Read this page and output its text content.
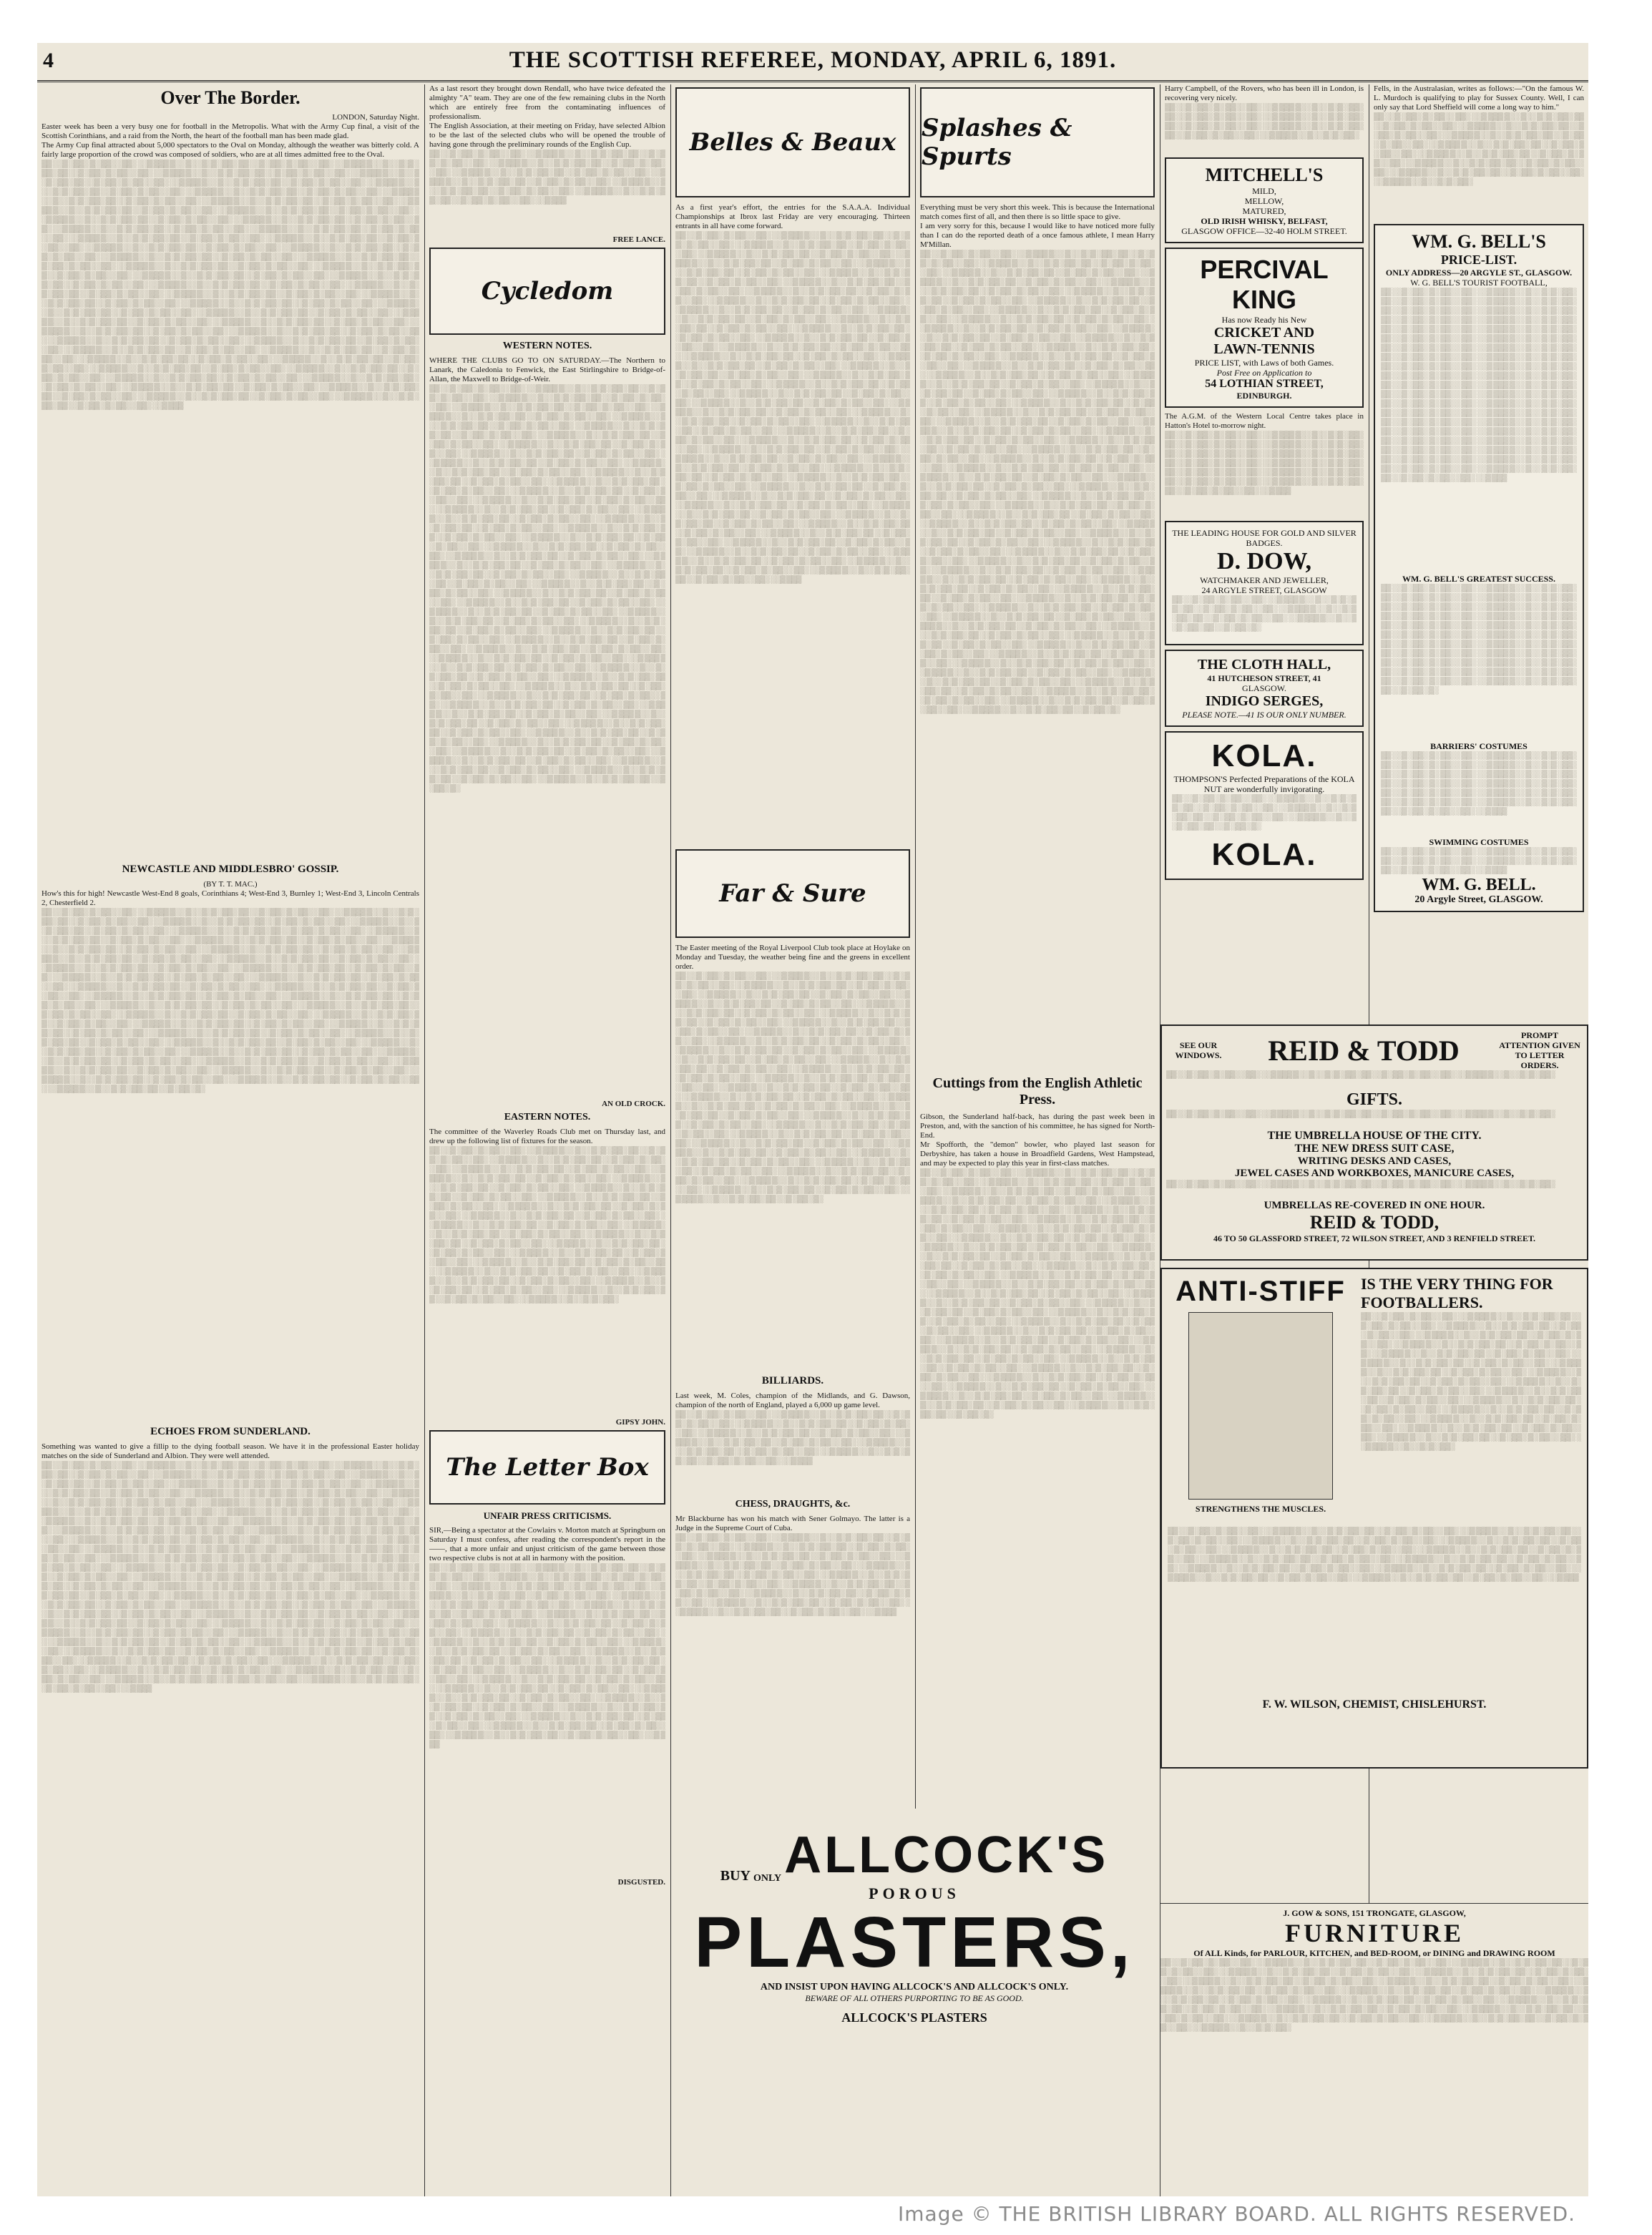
4	THE SCOTTISH REFEREE, MONDAY, APRIL 6, 1891.
Over The Border.

LONDON, Saturday Night.

Easter week has been a very busy one for football in the Metropolis. What with the Army Cup final, a visit of the Scottish Corinthians, and a raid from the North, the heart of the football man has been made glad.

The Army Cup final attracted about 5,000 spectators to the Oval on Monday, although the weather was bitterly cold. A fairly large proportion of the crowd was composed of soldiers, who are at all times admitted free to the Oval.

▒▒ ░░▒ ░▒▒░ ▒░ ▒▒░░ ▒▒░ ░░▒ ▒▒▒ ▒░░ ▒░░ ▒░▒ ░▒▒░ ▒▒ ░░▒ ░▒▒░ ▒░ ▒▒░░ ▒▒░ ░░▒ ▒▒▒ ▒░░ ▒░░ ▒░▒ ░▒▒░ ▒▒ ░░▒ ░▒▒░ ▒░ ▒▒░░ ▒▒░ ░░▒ ▒▒▒ ▒░░ ▒░░ ▒░▒ ░▒▒░ ▒▒ ░░▒ ░▒▒░ ▒░ ▒▒░░ ▒▒░ ░░▒ ▒▒▒ ▒░░ ▒░░ ▒░▒ ░▒▒░ ▒▒ ░░▒ ░▒▒░ ▒░ ▒▒░░ ▒▒░ ░░▒ ▒▒▒ ▒░░ ▒░░ ▒░▒ ░▒▒░ ▒▒ ░░▒ ░▒▒░ ▒░ ▒▒░░ ▒▒░ ░░▒ ▒▒▒ ▒░░ ▒░░ ▒░▒ ░▒▒░ ▒▒ ░░▒ ░▒▒░ ▒░ ▒▒░░ ▒▒░ ░░▒ ▒▒▒ ▒░░ ▒░░ ▒░▒ ░▒▒░ ▒▒ ░░▒ ░▒▒░ ▒░ ▒▒░░ ▒▒░ ░░▒ ▒▒▒ ▒░░ ▒░░ ▒░▒ ░▒▒░ ▒▒ ░░▒ ░▒▒░ ▒░ ▒▒░░ ▒▒░ ░░▒ ▒▒▒ ▒░░ ▒░░ ▒░▒ ░▒▒░ ▒▒ ░░▒ ░▒▒░ ▒░ ▒▒░░ ▒▒░ ░░▒ ▒▒▒ ▒░░ ▒░░ ▒░▒ ░▒▒░ ▒▒ ░░▒ ░▒▒░ ▒░ ▒▒░░ ▒▒░ ░░▒ ▒▒▒ ▒░░ ▒░░ ▒░▒ ░▒▒░ ▒▒ ░░▒ ░▒▒░ ▒░ ▒▒░░ ▒▒░ ░░▒ ▒▒▒ ▒░░ ▒░░ ▒░▒ ░▒▒░ ▒▒ ░░▒ ░▒▒░ ▒░ ▒▒░░ ▒▒░ ░░▒ ▒▒▒ ▒░░ ▒░░ ▒░▒ ░▒▒░ ▒▒ ░░▒ ░▒▒░ ▒░ ▒▒░░ ▒▒░ ░░▒ ▒▒▒ ▒░░ ▒░░ ▒░▒ ░▒▒░ ▒▒ ░░▒ ░▒▒░ ▒░ ▒▒░░ ▒▒░ ░░▒ ▒▒▒ ▒░░ ▒░░ ▒░▒ ░▒▒░ ▒▒ ░░▒ ░▒▒░ ▒░ ▒▒░░ ▒▒░ ░░▒ ▒▒▒ ▒░░ ▒░░ ▒░▒ ░▒▒░ ▒▒ ░░▒ ░▒▒░ ▒░ ▒▒░░ ▒▒░ ░░▒ ▒▒▒ ▒░░ ▒░░ ▒░▒ ░▒▒░ ▒▒ ░░▒ ░▒▒░ ▒░ ▒▒░░ ▒▒░ ░░▒ ▒▒▒ ▒░░ ▒░░ ▒░▒ ░▒▒░ ▒▒ ░░▒ ░▒▒░ ▒░ ▒▒░░ ▒▒░ ░░▒ ▒▒▒ ▒░░ ▒░░ ▒░▒ ░▒▒░ ▒▒ ░░▒ ░▒▒░ ▒░ ▒▒░░ ▒▒░ ░░▒ ▒▒▒ ▒░░ ▒░░ ▒░▒ ░▒▒░ ▒▒ ░░▒ ░▒▒░ ▒░ ▒▒░░ ▒▒░ ░░▒ ▒▒▒ ▒░░ ▒░░ ▒░▒ ░▒▒░ ▒▒ ░░▒ ░▒▒░ ▒░ ▒▒░░ ▒▒░ ░░▒ ▒▒▒ ▒░░ ▒░░ ▒░▒ ░▒▒░ ▒▒ ░░▒ ░▒▒░ ▒░ ▒▒░░ ▒▒░ ░░▒ ▒▒▒ ▒░░ ▒░░ ▒░▒ ░▒▒░ ▒▒ ░░▒ ░▒▒░ ▒░ ▒▒░░ ▒▒░ ░░▒ ▒▒▒ ▒░░ ▒░░ ▒░▒ ░▒▒░ ▒▒ ░░▒ ░▒▒░ ▒░ ▒▒░░ ▒▒░ ░░▒ ▒▒▒ ▒░░ ▒░░ ▒░▒ ░▒▒░ ▒▒ ░░▒ ░▒▒░ ▒░ ▒▒░░ ▒▒░ ░░▒ ▒▒▒ ▒░░ ▒░░ ▒░▒ ░▒▒░ ▒▒ ░░▒ ░▒▒░ ▒░ ▒▒░░ ▒▒░ ░░▒ ▒▒▒ ▒░░ ▒░░ ▒░▒ ░▒▒░ ▒▒ ░░▒ ░▒▒░ ▒░ ▒▒░░ ▒▒░ ░░▒ ▒▒▒ ▒░░ ▒░░ ▒░▒ ░▒▒░ ▒▒ ░░▒ ░▒▒░ ▒░ ▒▒░░ ▒▒░ ░░▒ ▒▒▒ ▒░░ ▒░░ ▒░▒ ░▒▒░ ▒▒ ░░▒ ░▒▒░ ▒░ ▒▒░░ ▒▒░ ░░▒ ▒▒▒ ▒░░ ▒░░ ▒░▒ ░▒▒░ ▒▒ ░░▒ ░▒▒░ ▒░ ▒▒░░ ▒▒░ ░░▒ ▒▒▒ ▒░░ ▒░░ ▒░▒ ░▒▒░ ▒▒ ░░▒ ░▒▒░ ▒░ ▒▒░░ ▒▒░ ░░▒ ▒▒▒ ▒░░ ▒░░ ▒░▒ ░▒▒░ ▒▒ ░░▒ ░▒▒░ ▒░ ▒▒░░ ▒▒░ ░░▒ ▒▒▒ ▒░░ ▒░░ ▒░▒ ░▒▒░ ▒▒ ░░▒ ░▒▒░ ▒░ ▒▒░░ ▒▒░ ░░▒ ▒▒▒ ▒░░ ▒░░ ▒░▒ ░▒▒░ ▒▒ ░░▒ ░▒▒░ ▒░ ▒▒░░ ▒▒░ ░░▒ ▒▒▒ ▒░░ ▒░░ ▒░▒ ░▒▒░ ▒▒ ░░▒ ░▒▒░ ▒░ ▒▒░░ ▒▒░ ░░▒ ▒▒▒ ▒░░ ▒░░ ▒░▒ ░▒▒░ ▒▒ ░░▒ ░▒▒░ ▒░ ▒▒░░ ▒▒░ ░░▒ ▒▒▒ ▒░░ ▒░░ ▒░▒ ░▒▒░ ▒▒ ░░▒ ░▒▒░ ▒░ ▒▒░░ ▒▒░ ░░▒ ▒▒▒ ▒░░ ▒░░ ▒░▒ ░▒▒░ ▒▒ ░░▒ ░▒▒░ ▒░ ▒▒░░ ▒▒░ ░░▒ ▒▒▒ ▒░░ ▒░░ ▒░▒ ░▒▒░ ▒▒ ░░▒ ░▒▒░ ▒░ ▒▒░░ ▒▒░ ░░▒ ▒▒▒ ▒░░ ▒░░ ▒░▒ ░▒▒░ ▒▒ ░░▒ ░▒▒░ ▒░ ▒▒░░ ▒▒░ ░░▒ ▒▒▒ ▒░░ ▒░░ ▒░▒ ░▒▒░ ▒▒ ░░▒ ░▒▒░ ▒░ ▒▒░░ ▒▒░ ░░▒ ▒▒▒ ▒░░ ▒░░ ▒░▒ ░▒▒░ ▒▒ ░░▒ ░▒▒░ ▒░ ▒▒░░ ▒▒░ ░░▒ ▒▒▒ ▒░░ ▒░░ ▒░▒ ░▒▒░ ▒▒ ░░▒ ░▒▒░ ▒░ ▒▒░░ ▒▒░ ░░▒ ▒▒▒ ▒░░ ▒░░ ▒░▒ ░▒▒░ ▒▒ ░░▒ ░▒▒░ ▒░ ▒▒░░ ▒▒░ ░░▒ ▒▒▒ ▒░░ ▒░░ ▒░▒ ░▒▒░ ▒▒ ░░▒ ░▒▒░ ▒░ ▒▒░░ ▒▒░ ░░▒ ▒▒▒ ▒░░ ▒░░ ▒░▒ ░▒▒░ ▒▒ ░░▒ ░▒▒░ ▒░ ▒▒░░ ▒▒░ ░░▒ ▒▒▒ ▒░░ ▒░░ ▒░▒ ░▒▒░ ▒▒ ░░▒ ░▒▒░ ▒░ ▒▒░░ ▒▒░ ░░▒ ▒▒▒ ▒░░ ▒░░ ▒░▒ ░▒▒░ ▒▒ ░░▒ ░▒▒░ ▒░ ▒▒░░ ▒▒░ ░░▒ ▒▒▒ ▒░░ ▒░░ ▒░▒ ░▒▒░ ▒▒ ░░▒ ░▒▒░ ▒░ ▒▒░░ ▒▒░ ░░▒ ▒▒▒ ▒░░ ▒░░ ▒░▒ ░▒▒░ ▒▒ ░░▒ ░▒▒░ ▒░ ▒▒░░ ▒▒░ ░░▒ ▒▒▒
NEWCASTLE AND MIDDLESBRO' GOSSIP.
(BY T. T. MAC.)

How's this for high! Newcastle West-End 8 goals, Corinthians 4; West-End 3, Burnley 1; West-End 3, Lincoln Centrals 2, Chesterfield 2.

▒▒ ░░▒ ░▒▒░ ▒░ ▒▒░░ ▒▒░ ░░▒ ▒▒▒ ▒░░ ▒░░ ▒░▒ ░▒▒░ ▒▒ ░░▒ ░▒▒░ ▒░ ▒▒░░ ▒▒░ ░░▒ ▒▒▒ ▒░░ ▒░░ ▒░▒ ░▒▒░ ▒▒ ░░▒ ░▒▒░ ▒░ ▒▒░░ ▒▒░ ░░▒ ▒▒▒ ▒░░ ▒░░ ▒░▒ ░▒▒░ ▒▒ ░░▒ ░▒▒░ ▒░ ▒▒░░ ▒▒░ ░░▒ ▒▒▒ ▒░░ ▒░░ ▒░▒ ░▒▒░ ▒▒ ░░▒ ░▒▒░ ▒░ ▒▒░░ ▒▒░ ░░▒ ▒▒▒ ▒░░ ▒░░ ▒░▒ ░▒▒░ ▒▒ ░░▒ ░▒▒░ ▒░ ▒▒░░ ▒▒░ ░░▒ ▒▒▒ ▒░░ ▒░░ ▒░▒ ░▒▒░ ▒▒ ░░▒ ░▒▒░ ▒░ ▒▒░░ ▒▒░ ░░▒ ▒▒▒ ▒░░ ▒░░ ▒░▒ ░▒▒░ ▒▒ ░░▒ ░▒▒░ ▒░ ▒▒░░ ▒▒░ ░░▒ ▒▒▒ ▒░░ ▒░░ ▒░▒ ░▒▒░ ▒▒ ░░▒ ░▒▒░ ▒░ ▒▒░░ ▒▒░ ░░▒ ▒▒▒ ▒░░ ▒░░ ▒░▒ ░▒▒░ ▒▒ ░░▒ ░▒▒░ ▒░ ▒▒░░ ▒▒░ ░░▒ ▒▒▒ ▒░░ ▒░░ ▒░▒ ░▒▒░ ▒▒ ░░▒ ░▒▒░ ▒░ ▒▒░░ ▒▒░ ░░▒ ▒▒▒ ▒░░ ▒░░ ▒░▒ ░▒▒░ ▒▒ ░░▒ ░▒▒░ ▒░ ▒▒░░ ▒▒░ ░░▒ ▒▒▒ ▒░░ ▒░░ ▒░▒ ░▒▒░ ▒▒ ░░▒ ░▒▒░ ▒░ ▒▒░░ ▒▒░ ░░▒ ▒▒▒ ▒░░ ▒░░ ▒░▒ ░▒▒░ ▒▒ ░░▒ ░▒▒░ ▒░ ▒▒░░ ▒▒░ ░░▒ ▒▒▒ ▒░░ ▒░░ ▒░▒ ░▒▒░ ▒▒ ░░▒ ░▒▒░ ▒░ ▒▒░░ ▒▒░ ░░▒ ▒▒▒ ▒░░ ▒░░ ▒░▒ ░▒▒░ ▒▒ ░░▒ ░▒▒░ ▒░ ▒▒░░ ▒▒░ ░░▒ ▒▒▒ ▒░░ ▒░░ ▒░▒ ░▒▒░ ▒▒ ░░▒ ░▒▒░ ▒░ ▒▒░░ ▒▒░ ░░▒ ▒▒▒ ▒░░ ▒░░ ▒░▒ ░▒▒░ ▒▒ ░░▒ ░▒▒░ ▒░ ▒▒░░ ▒▒░ ░░▒ ▒▒▒ ▒░░ ▒░░ ▒░▒ ░▒▒░ ▒▒ ░░▒ ░▒▒░ ▒░ ▒▒░░ ▒▒░ ░░▒ ▒▒▒ ▒░░ ▒░░ ▒░▒ ░▒▒░ ▒▒ ░░▒ ░▒▒░ ▒░ ▒▒░░ ▒▒░ ░░▒ ▒▒▒ ▒░░ ▒░░ ▒░▒ ░▒▒░ ▒▒ ░░▒ ░▒▒░ ▒░ ▒▒░░ ▒▒░ ░░▒ ▒▒▒ ▒░░ ▒░░ ▒░▒ ░▒▒░ ▒▒ ░░▒ ░▒▒░ ▒░ ▒▒░░ ▒▒░ ░░▒ ▒▒▒ ▒░░ ▒░░ ▒░▒ ░▒▒░ ▒▒ ░░▒ ░▒▒░ ▒░ ▒▒░░ ▒▒░ ░░▒ ▒▒▒ ▒░░ ▒░░ ▒░▒ ░▒▒░ ▒▒ ░░▒ ░▒▒░ ▒░ ▒▒░░ ▒▒░ ░░▒ ▒▒▒ ▒░░ ▒░░ ▒░▒ ░▒▒░ ▒▒ ░░▒ ░▒▒░ ▒░ ▒▒░░ ▒▒░ ░░▒ ▒▒▒ ▒░░ ▒░░ ▒░▒ ░▒▒░ ▒▒ ░░▒ ░▒▒░ ▒░ ▒▒░░ ▒▒░ ░░▒ ▒▒▒ ▒░░ ▒░░ ▒░▒ ░▒▒░ ▒▒ ░░▒ ░▒▒░ ▒░ ▒▒░░ ▒▒░ ░░▒ ▒▒▒ ▒░░ ▒░░ ▒░▒ ░▒▒░ ▒▒ ░░▒ ░▒▒░ ▒░ ▒▒░░ ▒▒░ ░░▒ ▒▒▒ ▒░░ ▒░░ ▒░▒ ░▒▒░ ▒▒ ░░▒ ░▒▒░ ▒░ ▒▒░░ ▒▒░ ░░▒ ▒▒▒ ▒░░ ▒░░ ▒░▒ ░▒▒░ ▒▒ ░░▒ ░▒▒░ ▒░ ▒▒░░ ▒▒░ ░░▒ ▒▒▒ ▒░░ ▒░░ ▒░▒ ░▒▒░ ▒▒ ░░▒ ░▒▒░ ▒░ ▒▒░░ ▒▒░ ░░▒ ▒▒▒ ▒░░ ▒░░ ▒░▒ ░▒▒░ ▒▒ ░░▒ ░▒▒░ ▒░ ▒▒░░ ▒▒░ ░░▒ ▒▒▒ ▒░░ ▒░░ ▒░▒ ░▒▒░ ▒▒ ░░▒ ░▒▒░ ▒░ ▒▒░░ ▒▒░ ░░▒ ▒▒▒ ▒░░ ▒░░ ▒░▒ ░▒▒░ ▒▒ ░░▒ ░▒▒░ ▒░ ▒▒░░ ▒▒░ ░░▒ ▒▒▒ ▒░░ ▒░░ ▒░▒ ░▒▒░ ▒▒ ░░▒ ░▒▒░ ▒░ ▒▒░░ ▒▒░ ░░▒ ▒▒▒ ▒░░ ▒░░ ▒░▒ ░▒▒░ ▒▒ ░░▒ ░▒▒░ ▒░ ▒▒░░ ▒▒░ ░░▒ ▒▒▒ ▒░░ ▒░░ ▒░▒ ░▒▒░ ▒▒ ░░▒ ░▒▒░ ▒░ ▒▒░░ ▒▒░ ░░▒ ▒▒▒ ▒░░ ▒░░ ▒░▒ ░▒▒░ ▒▒ ░░▒ ░▒▒░ ▒░
ECHOES FROM SUNDERLAND.

Something was wanted to give a fillip to the dying football season. We have it in the professional Easter holiday matches on the side of Sunderland and Albion. They were well attended.

▒▒ ░░▒ ░▒▒░ ▒░ ▒▒░░ ▒▒░ ░░▒ ▒▒▒ ▒░░ ▒░░ ▒░▒ ░▒▒░ ▒▒ ░░▒ ░▒▒░ ▒░ ▒▒░░ ▒▒░ ░░▒ ▒▒▒ ▒░░ ▒░░ ▒░▒ ░▒▒░ ▒▒ ░░▒ ░▒▒░ ▒░ ▒▒░░ ▒▒░ ░░▒ ▒▒▒ ▒░░ ▒░░ ▒░▒ ░▒▒░ ▒▒ ░░▒ ░▒▒░ ▒░ ▒▒░░ ▒▒░ ░░▒ ▒▒▒ ▒░░ ▒░░ ▒░▒ ░▒▒░ ▒▒ ░░▒ ░▒▒░ ▒░ ▒▒░░ ▒▒░ ░░▒ ▒▒▒ ▒░░ ▒░░ ▒░▒ ░▒▒░ ▒▒ ░░▒ ░▒▒░ ▒░ ▒▒░░ ▒▒░ ░░▒ ▒▒▒ ▒░░ ▒░░ ▒░▒ ░▒▒░ ▒▒ ░░▒ ░▒▒░ ▒░ ▒▒░░ ▒▒░ ░░▒ ▒▒▒ ▒░░ ▒░░ ▒░▒ ░▒▒░ ▒▒ ░░▒ ░▒▒░ ▒░ ▒▒░░ ▒▒░ ░░▒ ▒▒▒ ▒░░ ▒░░ ▒░▒ ░▒▒░ ▒▒ ░░▒ ░▒▒░ ▒░ ▒▒░░ ▒▒░ ░░▒ ▒▒▒ ▒░░ ▒░░ ▒░▒ ░▒▒░ ▒▒ ░░▒ ░▒▒░ ▒░ ▒▒░░ ▒▒░ ░░▒ ▒▒▒ ▒░░ ▒░░ ▒░▒ ░▒▒░ ▒▒ ░░▒ ░▒▒░ ▒░ ▒▒░░ ▒▒░ ░░▒ ▒▒▒ ▒░░ ▒░░ ▒░▒ ░▒▒░ ▒▒ ░░▒ ░▒▒░ ▒░ ▒▒░░ ▒▒░ ░░▒ ▒▒▒ ▒░░ ▒░░ ▒░▒ ░▒▒░ ▒▒ ░░▒ ░▒▒░ ▒░ ▒▒░░ ▒▒░ ░░▒ ▒▒▒ ▒░░ ▒░░ ▒░▒ ░▒▒░ ▒▒ ░░▒ ░▒▒░ ▒░ ▒▒░░ ▒▒░ ░░▒ ▒▒▒ ▒░░ ▒░░ ▒░▒ ░▒▒░ ▒▒ ░░▒ ░▒▒░ ▒░ ▒▒░░ ▒▒░ ░░▒ ▒▒▒ ▒░░ ▒░░ ▒░▒ ░▒▒░ ▒▒ ░░▒ ░▒▒░ ▒░ ▒▒░░ ▒▒░ ░░▒ ▒▒▒ ▒░░ ▒░░ ▒░▒ ░▒▒░ ▒▒ ░░▒ ░▒▒░ ▒░ ▒▒░░ ▒▒░ ░░▒ ▒▒▒ ▒░░ ▒░░ ▒░▒ ░▒▒░ ▒▒ ░░▒ ░▒▒░ ▒░ ▒▒░░ ▒▒░ ░░▒ ▒▒▒ ▒░░ ▒░░ ▒░▒ ░▒▒░ ▒▒ ░░▒ ░▒▒░ ▒░ ▒▒░░ ▒▒░ ░░▒ ▒▒▒ ▒░░ ▒░░ ▒░▒ ░▒▒░ ▒▒ ░░▒ ░▒▒░ ▒░ ▒▒░░ ▒▒░ ░░▒ ▒▒▒ ▒░░ ▒░░ ▒░▒ ░▒▒░ ▒▒ ░░▒ ░▒▒░ ▒░ ▒▒░░ ▒▒░ ░░▒ ▒▒▒ ▒░░ ▒░░ ▒░▒ ░▒▒░ ▒▒ ░░▒ ░▒▒░ ▒░ ▒▒░░ ▒▒░ ░░▒ ▒▒▒ ▒░░ ▒░░ ▒░▒ ░▒▒░ ▒▒ ░░▒ ░▒▒░ ▒░ ▒▒░░ ▒▒░ ░░▒ ▒▒▒ ▒░░ ▒░░ ▒░▒ ░▒▒░ ▒▒ ░░▒ ░▒▒░ ▒░ ▒▒░░ ▒▒░ ░░▒ ▒▒▒ ▒░░ ▒░░ ▒░▒ ░▒▒░ ▒▒ ░░▒ ░▒▒░ ▒░ ▒▒░░ ▒▒░ ░░▒ ▒▒▒ ▒░░ ▒░░ ▒░▒ ░▒▒░ ▒▒ ░░▒ ░▒▒░ ▒░ ▒▒░░ ▒▒░ ░░▒ ▒▒▒ ▒░░ ▒░░ ▒░▒ ░▒▒░ ▒▒ ░░▒ ░▒▒░ ▒░ ▒▒░░ ▒▒░ ░░▒ ▒▒▒ ▒░░ ▒░░ ▒░▒ ░▒▒░ ▒▒ ░░▒ ░▒▒░ ▒░ ▒▒░░ ▒▒░ ░░▒ ▒▒▒ ▒░░ ▒░░ ▒░▒ ░▒▒░ ▒▒ ░░▒ ░▒▒░ ▒░ ▒▒░░ ▒▒░ ░░▒ ▒▒▒ ▒░░ ▒░░ ▒░▒ ░▒▒░ ▒▒ ░░▒ ░▒▒░ ▒░ ▒▒░░ ▒▒░ ░░▒ ▒▒▒ ▒░░ ▒░░ ▒░▒ ░▒▒░ ▒▒ ░░▒ ░▒▒░ ▒░ ▒▒░░ ▒▒░ ░░▒ ▒▒▒ ▒░░ ▒░░ ▒░▒ ░▒▒░ ▒▒ ░░▒ ░▒▒░ ▒░ ▒▒░░ ▒▒░ ░░▒ ▒▒▒ ▒░░ ▒░░ ▒░▒ ░▒▒░ ▒▒ ░░▒ ░▒▒░ ▒░ ▒▒░░ ▒▒░ ░░▒ ▒▒▒ ▒░░ ▒░░ ▒░▒ ░▒▒░ ▒▒ ░░▒ ░▒▒░ ▒░ ▒▒░░ ▒▒░ ░░▒ ▒▒▒ ▒░░ ▒░░ ▒░▒ ░▒▒░ ▒▒ ░░▒ ░▒▒░ ▒░ ▒▒░░ ▒▒░ ░░▒ ▒▒▒ ▒░░ ▒░░ ▒░▒ ░▒▒░ ▒▒ ░░▒ ░▒▒░ ▒░ ▒▒░░ ▒▒░ ░░▒ ▒▒▒ ▒░░ ▒░░ ▒░▒ ░▒▒░ ▒▒ ░░▒ ░▒▒░ ▒░ ▒▒░░ ▒▒░ ░░▒ ▒▒▒ ▒░░ ▒░░ ▒░▒ ░▒▒░ ▒▒ ░░▒ ░▒▒░ ▒░ ▒▒░░ ▒▒░ ░░▒ ▒▒▒ ▒░░ ▒░░ ▒░▒ ░▒▒░ ▒▒ ░░▒ ░▒▒░ ▒░ ▒▒░░ ▒▒░ ░░▒ ▒▒▒ ▒░░ ▒░░ ▒░▒ ░▒▒░ ▒▒ ░░▒ ░▒▒░ ▒░ ▒▒░░ ▒▒░ ░░▒ ▒▒▒ ▒░░ ▒░░ ▒░▒ ░▒▒░ ▒▒ ░░▒ ░▒▒░ ▒░ ▒▒░░ ▒▒░ ░░▒ ▒▒▒ ▒░░ ▒░░ ▒░▒ ░▒▒░ ▒▒ ░░▒ ░▒▒░ ▒░ ▒▒░░ ▒▒░ ░░▒ ▒▒▒ ▒░░ ▒░░ ▒░▒ ░▒▒░ ▒▒ ░░▒ ░▒▒░ ▒░ ▒▒░░ ▒▒░ ░░▒ ▒▒▒ ▒░░ ▒░░ ▒░▒ ░▒▒░ ▒▒ ░░▒ ░▒▒░ ▒░ ▒▒░░ ▒▒░ ░░▒ ▒▒▒ ▒░░ ▒░░ ▒░▒ ░▒▒░ ▒▒ ░░▒ ░▒▒░ ▒░ ▒▒░░ ▒▒░ ░░▒ ▒▒▒ ▒░░ ▒░░ ▒░▒ ░▒▒░ ▒▒ ░░▒ ░▒▒░ ▒░ ▒▒░░ ▒▒░ ░░▒ ▒▒▒ ▒░░ ▒░░ ▒░▒ ░▒▒░ ▒▒ ░░▒ ░▒▒░ ▒░ ▒▒░░ ▒▒░ ░░▒ ▒▒▒

As a last resort they brought down Rendall, who have twice defeated the almighty "A" team. They are one of the few remaining clubs in the North which are entirely free from the contaminating influences of professionalism.

The English Association, at their meeting on Friday, have selected Albion to be the last of the selected clubs who will be opened the trouble of having gone through the preliminary rounds of the English Cup.

▒▒ ░░▒ ░▒▒░ ▒░ ▒▒░░ ▒▒░ ░░▒ ▒▒▒ ▒░░ ▒░░ ▒░▒ ░▒▒░ ▒▒ ░░▒ ░▒▒░ ▒░ ▒▒░░ ▒▒░ ░░▒ ▒▒▒ ▒░░ ▒░░ ▒░▒ ░▒▒░ ▒▒ ░░▒ ░▒▒░ ▒░ ▒▒░░ ▒▒░ ░░▒ ▒▒▒ ▒░░ ▒░░ ▒░▒ ░▒▒░ ▒▒ ░░▒ ░▒▒░ ▒░ ▒▒░░ ▒▒░ ░░▒ ▒▒▒ ▒░░ ▒░░ ▒░▒ ░▒▒░ ▒▒ ░░▒ ░▒▒░ ▒░ ▒▒░░ ▒▒░ ░░▒ ▒▒▒ ▒░░ ▒░░ ▒░▒ ░▒▒░ ▒▒ ░░▒ ░▒▒░ ▒░ ▒▒░░ ▒▒░ ░░▒ ▒▒▒ ▒░░ ▒░░ ▒░▒ ░▒▒░ ▒▒ ░░▒ ░▒▒░ ▒░ ▒▒░░ ▒▒░ ░░▒ ▒▒▒
FREE LANCE.
Cycledom
WESTERN NOTES.

WHERE THE CLUBS GO TO ON SATURDAY.—The Northern to Lanark, the Caledonia to Fenwick, the East Stirlingshire to Bridge-of-Allan, the Maxwell to Bridge-of-Weir.

▒▒ ░░▒ ░▒▒░ ▒░ ▒▒░░ ▒▒░ ░░▒ ▒▒▒ ▒░░ ▒░░ ▒░▒ ░▒▒░ ▒▒ ░░▒ ░▒▒░ ▒░ ▒▒░░ ▒▒░ ░░▒ ▒▒▒ ▒░░ ▒░░ ▒░▒ ░▒▒░ ▒▒ ░░▒ ░▒▒░ ▒░ ▒▒░░ ▒▒░ ░░▒ ▒▒▒ ▒░░ ▒░░ ▒░▒ ░▒▒░ ▒▒ ░░▒ ░▒▒░ ▒░ ▒▒░░ ▒▒░ ░░▒ ▒▒▒ ▒░░ ▒░░ ▒░▒ ░▒▒░ ▒▒ ░░▒ ░▒▒░ ▒░ ▒▒░░ ▒▒░ ░░▒ ▒▒▒ ▒░░ ▒░░ ▒░▒ ░▒▒░ ▒▒ ░░▒ ░▒▒░ ▒░ ▒▒░░ ▒▒░ ░░▒ ▒▒▒ ▒░░ ▒░░ ▒░▒ ░▒▒░ ▒▒ ░░▒ ░▒▒░ ▒░ ▒▒░░ ▒▒░ ░░▒ ▒▒▒ ▒░░ ▒░░ ▒░▒ ░▒▒░ ▒▒ ░░▒ ░▒▒░ ▒░ ▒▒░░ ▒▒░ ░░▒ ▒▒▒ ▒░░ ▒░░ ▒░▒ ░▒▒░ ▒▒ ░░▒ ░▒▒░ ▒░ ▒▒░░ ▒▒░ ░░▒ ▒▒▒ ▒░░ ▒░░ ▒░▒ ░▒▒░ ▒▒ ░░▒ ░▒▒░ ▒░ ▒▒░░ ▒▒░ ░░▒ ▒▒▒ ▒░░ ▒░░ ▒░▒ ░▒▒░ ▒▒ ░░▒ ░▒▒░ ▒░ ▒▒░░ ▒▒░ ░░▒ ▒▒▒ ▒░░ ▒░░ ▒░▒ ░▒▒░ ▒▒ ░░▒ ░▒▒░ ▒░ ▒▒░░ ▒▒░ ░░▒ ▒▒▒ ▒░░ ▒░░ ▒░▒ ░▒▒░ ▒▒ ░░▒ ░▒▒░ ▒░ ▒▒░░ ▒▒░ ░░▒ ▒▒▒ ▒░░ ▒░░ ▒░▒ ░▒▒░ ▒▒ ░░▒ ░▒▒░ ▒░ ▒▒░░ ▒▒░ ░░▒ ▒▒▒ ▒░░ ▒░░ ▒░▒ ░▒▒░ ▒▒ ░░▒ ░▒▒░ ▒░ ▒▒░░ ▒▒░ ░░▒ ▒▒▒ ▒░░ ▒░░ ▒░▒ ░▒▒░ ▒▒ ░░▒ ░▒▒░ ▒░ ▒▒░░ ▒▒░ ░░▒ ▒▒▒ ▒░░ ▒░░ ▒░▒ ░▒▒░ ▒▒ ░░▒ ░▒▒░ ▒░ ▒▒░░ ▒▒░ ░░▒ ▒▒▒ ▒░░ ▒░░ ▒░▒ ░▒▒░ ▒▒ ░░▒ ░▒▒░ ▒░ ▒▒░░ ▒▒░ ░░▒ ▒▒▒ ▒░░ ▒░░ ▒░▒ ░▒▒░ ▒▒ ░░▒ ░▒▒░ ▒░ ▒▒░░ ▒▒░ ░░▒ ▒▒▒ ▒░░ ▒░░ ▒░▒ ░▒▒░ ▒▒ ░░▒ ░▒▒░ ▒░ ▒▒░░ ▒▒░ ░░▒ ▒▒▒ ▒░░ ▒░░ ▒░▒ ░▒▒░ ▒▒ ░░▒ ░▒▒░ ▒░ ▒▒░░ ▒▒░ ░░▒ ▒▒▒ ▒░░ ▒░░ ▒░▒ ░▒▒░ ▒▒ ░░▒ ░▒▒░ ▒░ ▒▒░░ ▒▒░ ░░▒ ▒▒▒ ▒░░ ▒░░ ▒░▒ ░▒▒░ ▒▒ ░░▒ ░▒▒░ ▒░ ▒▒░░ ▒▒░ ░░▒ ▒▒▒ ▒░░ ▒░░ ▒░▒ ░▒▒░ ▒▒ ░░▒ ░▒▒░ ▒░ ▒▒░░ ▒▒░ ░░▒ ▒▒▒ ▒░░ ▒░░ ▒░▒ ░▒▒░ ▒▒ ░░▒ ░▒▒░ ▒░ ▒▒░░ ▒▒░ ░░▒ ▒▒▒ ▒░░ ▒░░ ▒░▒ ░▒▒░ ▒▒ ░░▒ ░▒▒░ ▒░ ▒▒░░ ▒▒░ ░░▒ ▒▒▒ ▒░░ ▒░░ ▒░▒ ░▒▒░ ▒▒ ░░▒ ░▒▒░ ▒░ ▒▒░░ ▒▒░ ░░▒ ▒▒▒ ▒░░ ▒░░ ▒░▒ ░▒▒░ ▒▒ ░░▒ ░▒▒░ ▒░ ▒▒░░ ▒▒░ ░░▒ ▒▒▒ ▒░░ ▒░░ ▒░▒ ░▒▒░ ▒▒ ░░▒ ░▒▒░ ▒░ ▒▒░░ ▒▒░ ░░▒ ▒▒▒ ▒░░ ▒░░ ▒░▒ ░▒▒░ ▒▒ ░░▒ ░▒▒░ ▒░ ▒▒░░ ▒▒░ ░░▒ ▒▒▒ ▒░░ ▒░░ ▒░▒ ░▒▒░ ▒▒ ░░▒ ░▒▒░ ▒░ ▒▒░░ ▒▒░ ░░▒ ▒▒▒ ▒░░ ▒░░ ▒░▒ ░▒▒░ ▒▒ ░░▒ ░▒▒░ ▒░ ▒▒░░ ▒▒░ ░░▒ ▒▒▒ ▒░░ ▒░░ ▒░▒ ░▒▒░ ▒▒ ░░▒ ░▒▒░ ▒░ ▒▒░░ ▒▒░ ░░▒ ▒▒▒ ▒░░ ▒░░ ▒░▒ ░▒▒░ ▒▒ ░░▒ ░▒▒░ ▒░ ▒▒░░ ▒▒░ ░░▒ ▒▒▒ ▒░░ ▒░░ ▒░▒ ░▒▒░ ▒▒ ░░▒ ░▒▒░ ▒░ ▒▒░░ ▒▒░ ░░▒ ▒▒▒ ▒░░ ▒░░ ▒░▒ ░▒▒░ ▒▒ ░░▒ ░▒▒░ ▒░ ▒▒░░ ▒▒░ ░░▒ ▒▒▒ ▒░░ ▒░░ ▒░▒ ░▒▒░ ▒▒ ░░▒ ░▒▒░ ▒░ ▒▒░░ ▒▒░ ░░▒ ▒▒▒ ▒░░ ▒░░ ▒░▒ ░▒▒░ ▒▒ ░░▒ ░▒▒░ ▒░ ▒▒░░ ▒▒░ ░░▒ ▒▒▒ ▒░░ ▒░░ ▒░▒ ░▒▒░ ▒▒ ░░▒ ░▒▒░ ▒░ ▒▒░░ ▒▒░ ░░▒ ▒▒▒ ▒░░ ▒░░ ▒░▒ ░▒▒░ ▒▒ ░░▒ ░▒▒░ ▒░ ▒▒░░ ▒▒░ ░░▒ ▒▒▒ ▒░░ ▒░░ ▒░▒ ░▒▒░ ▒▒ ░░▒ ░▒▒░ ▒░ ▒▒░░ ▒▒░ ░░▒ ▒▒▒ ▒░░ ▒░░ ▒░▒ ░▒▒░ ▒▒ ░░▒ ░▒▒░ ▒░ ▒▒░░ ▒▒░ ░░▒ ▒▒▒ ▒░░ ▒░░ ▒░▒ ░▒▒░ ▒▒ ░░▒ ░▒▒░ ▒░ ▒▒░░ ▒▒░ ░░▒ ▒▒▒ ▒░░ ▒░░ ▒░▒ ░▒▒░ ▒▒ ░░▒ ░▒▒░ ▒░ ▒▒░░ ▒▒░ ░░▒ ▒▒▒ ▒░░ ▒░░ ▒░▒ ░▒▒░ ▒▒ ░░▒ ░▒▒░ ▒░ ▒▒░░ ▒▒░ ░░▒ ▒▒▒ ▒░░ ▒░░ ▒░▒ ░▒▒░ ▒▒ ░░▒ ░▒▒░ ▒░ ▒▒░░ ▒▒░ ░░▒ ▒▒▒ ▒░░ ▒░░ ▒░▒ ░▒▒░ ▒▒ ░░▒ ░▒▒░ ▒░ ▒▒░░ ▒▒░ ░░▒ ▒▒▒ ▒░░ ▒░░ ▒░▒ ░▒▒░ ▒▒ ░░▒ ░▒▒░ ▒░ ▒▒░░ ▒▒░ ░░▒ ▒▒▒ ▒░░ ▒░░ ▒░▒ ░▒▒░ ▒▒ ░░▒ ░▒▒░ ▒░ ▒▒░░ ▒▒░ ░░▒ ▒▒▒ ▒░░ ▒░░ ▒░▒ ░▒▒░ ▒▒ ░░▒ ░▒▒░ ▒░ ▒▒░░ ▒▒░ ░░▒ ▒▒▒ ▒░░ ▒░░ ▒░▒ ░▒▒░ ▒▒ ░░▒ ░▒▒░ ▒░ ▒▒░░ ▒▒░ ░░▒ ▒▒▒ ▒░░ ▒░░ ▒░▒ ░▒▒░ ▒▒ ░░▒ ░▒▒░ ▒░
AN OLD CROCK.
EASTERN NOTES.

The committee of the Waverley Roads Club met on Thursday last, and drew up the following list of fixtures for the season.

▒▒ ░░▒ ░▒▒░ ▒░ ▒▒░░ ▒▒░ ░░▒ ▒▒▒ ▒░░ ▒░░ ▒░▒ ░▒▒░ ▒▒ ░░▒ ░▒▒░ ▒░ ▒▒░░ ▒▒░ ░░▒ ▒▒▒ ▒░░ ▒░░ ▒░▒ ░▒▒░ ▒▒ ░░▒ ░▒▒░ ▒░ ▒▒░░ ▒▒░ ░░▒ ▒▒▒ ▒░░ ▒░░ ▒░▒ ░▒▒░ ▒▒ ░░▒ ░▒▒░ ▒░ ▒▒░░ ▒▒░ ░░▒ ▒▒▒ ▒░░ ▒░░ ▒░▒ ░▒▒░ ▒▒ ░░▒ ░▒▒░ ▒░ ▒▒░░ ▒▒░ ░░▒ ▒▒▒ ▒░░ ▒░░ ▒░▒ ░▒▒░ ▒▒ ░░▒ ░▒▒░ ▒░ ▒▒░░ ▒▒░ ░░▒ ▒▒▒ ▒░░ ▒░░ ▒░▒ ░▒▒░ ▒▒ ░░▒ ░▒▒░ ▒░ ▒▒░░ ▒▒░ ░░▒ ▒▒▒ ▒░░ ▒░░ ▒░▒ ░▒▒░ ▒▒ ░░▒ ░▒▒░ ▒░ ▒▒░░ ▒▒░ ░░▒ ▒▒▒ ▒░░ ▒░░ ▒░▒ ░▒▒░ ▒▒ ░░▒ ░▒▒░ ▒░ ▒▒░░ ▒▒░ ░░▒ ▒▒▒ ▒░░ ▒░░ ▒░▒ ░▒▒░ ▒▒ ░░▒ ░▒▒░ ▒░ ▒▒░░ ▒▒░ ░░▒ ▒▒▒ ▒░░ ▒░░ ▒░▒ ░▒▒░ ▒▒ ░░▒ ░▒▒░ ▒░ ▒▒░░ ▒▒░ ░░▒ ▒▒▒ ▒░░ ▒░░ ▒░▒ ░▒▒░ ▒▒ ░░▒ ░▒▒░ ▒░ ▒▒░░ ▒▒░ ░░▒ ▒▒▒ ▒░░ ▒░░ ▒░▒ ░▒▒░ ▒▒ ░░▒ ░▒▒░ ▒░ ▒▒░░ ▒▒░ ░░▒ ▒▒▒ ▒░░ ▒░░ ▒░▒ ░▒▒░ ▒▒ ░░▒ ░▒▒░ ▒░ ▒▒░░ ▒▒░ ░░▒ ▒▒▒ ▒░░ ▒░░ ▒░▒ ░▒▒░ ▒▒ ░░▒ ░▒▒░ ▒░ ▒▒░░ ▒▒░ ░░▒ ▒▒▒ ▒░░ ▒░░ ▒░▒ ░▒▒░ ▒▒ ░░▒ ░▒▒░ ▒░ ▒▒░░ ▒▒░ ░░▒ ▒▒▒ ▒░░ ▒░░ ▒░▒ ░▒▒░ ▒▒ ░░▒ ░▒▒░ ▒░ ▒▒░░ ▒▒░ ░░▒ ▒▒▒ ▒░░ ▒░░ ▒░▒ ░▒▒░ ▒▒ ░░▒ ░▒▒░ ▒░ ▒▒░░ ▒▒░ ░░▒ ▒▒▒ ▒░░ ▒░░ ▒░▒ ░▒▒░ ▒▒ ░░▒ ░▒▒░ ▒░ ▒▒░░ ▒▒░ ░░▒ ▒▒▒ ▒░░ ▒░░ ▒░▒ ░▒▒░ ▒▒ ░░▒ ░▒▒░ ▒░ ▒▒░░ ▒▒░ ░░▒ ▒▒▒ ▒░░ ▒░░ ▒░▒ ░▒▒░
GIPSY JOHN.
The Letter Box
UNFAIR PRESS CRITICISMS.

SIR,—Being a spectator at the Cowlairs v. Morton match at Springburn on Saturday I must confess, after reading the correspondent's report in the ——, that a more unfair and unjust criticism of the game between those two respective clubs is not at all in harmony with the position.

▒▒ ░░▒ ░▒▒░ ▒░ ▒▒░░ ▒▒░ ░░▒ ▒▒▒ ▒░░ ▒░░ ▒░▒ ░▒▒░ ▒▒ ░░▒ ░▒▒░ ▒░ ▒▒░░ ▒▒░ ░░▒ ▒▒▒ ▒░░ ▒░░ ▒░▒ ░▒▒░ ▒▒ ░░▒ ░▒▒░ ▒░ ▒▒░░ ▒▒░ ░░▒ ▒▒▒ ▒░░ ▒░░ ▒░▒ ░▒▒░ ▒▒ ░░▒ ░▒▒░ ▒░ ▒▒░░ ▒▒░ ░░▒ ▒▒▒ ▒░░ ▒░░ ▒░▒ ░▒▒░ ▒▒ ░░▒ ░▒▒░ ▒░ ▒▒░░ ▒▒░ ░░▒ ▒▒▒ ▒░░ ▒░░ ▒░▒ ░▒▒░ ▒▒ ░░▒ ░▒▒░ ▒░ ▒▒░░ ▒▒░ ░░▒ ▒▒▒ ▒░░ ▒░░ ▒░▒ ░▒▒░ ▒▒ ░░▒ ░▒▒░ ▒░ ▒▒░░ ▒▒░ ░░▒ ▒▒▒ ▒░░ ▒░░ ▒░▒ ░▒▒░ ▒▒ ░░▒ ░▒▒░ ▒░ ▒▒░░ ▒▒░ ░░▒ ▒▒▒ ▒░░ ▒░░ ▒░▒ ░▒▒░ ▒▒ ░░▒ ░▒▒░ ▒░ ▒▒░░ ▒▒░ ░░▒ ▒▒▒ ▒░░ ▒░░ ▒░▒ ░▒▒░ ▒▒ ░░▒ ░▒▒░ ▒░ ▒▒░░ ▒▒░ ░░▒ ▒▒▒ ▒░░ ▒░░ ▒░▒ ░▒▒░ ▒▒ ░░▒ ░▒▒░ ▒░ ▒▒░░ ▒▒░ ░░▒ ▒▒▒ ▒░░ ▒░░ ▒░▒ ░▒▒░ ▒▒ ░░▒ ░▒▒░ ▒░ ▒▒░░ ▒▒░ ░░▒ ▒▒▒ ▒░░ ▒░░ ▒░▒ ░▒▒░ ▒▒ ░░▒ ░▒▒░ ▒░ ▒▒░░ ▒▒░ ░░▒ ▒▒▒ ▒░░ ▒░░ ▒░▒ ░▒▒░ ▒▒ ░░▒ ░▒▒░ ▒░ ▒▒░░ ▒▒░ ░░▒ ▒▒▒ ▒░░ ▒░░ ▒░▒ ░▒▒░ ▒▒ ░░▒ ░▒▒░ ▒░ ▒▒░░ ▒▒░ ░░▒ ▒▒▒ ▒░░ ▒░░ ▒░▒ ░▒▒░ ▒▒ ░░▒ ░▒▒░ ▒░ ▒▒░░ ▒▒░ ░░▒ ▒▒▒ ▒░░ ▒░░ ▒░▒ ░▒▒░ ▒▒ ░░▒ ░▒▒░ ▒░ ▒▒░░ ▒▒░ ░░▒ ▒▒▒ ▒░░ ▒░░ ▒░▒ ░▒▒░ ▒▒ ░░▒ ░▒▒░ ▒░ ▒▒░░ ▒▒░ ░░▒ ▒▒▒ ▒░░ ▒░░ ▒░▒ ░▒▒░ ▒▒ ░░▒ ░▒▒░ ▒░ ▒▒░░ ▒▒░ ░░▒ ▒▒▒ ▒░░ ▒░░ ▒░▒ ░▒▒░ ▒▒ ░░▒ ░▒▒░ ▒░ ▒▒░░ ▒▒░ ░░▒ ▒▒▒ ▒░░ ▒░░ ▒░▒ ░▒▒░ ▒▒ ░░▒ ░▒▒░ ▒░ ▒▒░░ ▒▒░ ░░▒ ▒▒▒ ▒░░ ▒░░ ▒░▒ ░▒▒░ ▒▒ ░░▒ ░▒▒░ ▒░ ▒▒░░ ▒▒░ ░░▒ ▒▒▒ ▒░░ ▒░░ ▒░▒ ░▒▒░ ▒▒ ░░▒ ░▒▒░ ▒░ ▒▒░░ ▒▒░ ░░▒ ▒▒▒
DISGUSTED.
Belles & Beaux

As a first year's effort, the entries for the S.A.A.A. Individual Championships at Ibrox last Friday are very encouraging. Thirteen entrants in all have come forward.

▒▒ ░░▒ ░▒▒░ ▒░ ▒▒░░ ▒▒░ ░░▒ ▒▒▒ ▒░░ ▒░░ ▒░▒ ░▒▒░ ▒▒ ░░▒ ░▒▒░ ▒░ ▒▒░░ ▒▒░ ░░▒ ▒▒▒ ▒░░ ▒░░ ▒░▒ ░▒▒░ ▒▒ ░░▒ ░▒▒░ ▒░ ▒▒░░ ▒▒░ ░░▒ ▒▒▒ ▒░░ ▒░░ ▒░▒ ░▒▒░ ▒▒ ░░▒ ░▒▒░ ▒░ ▒▒░░ ▒▒░ ░░▒ ▒▒▒ ▒░░ ▒░░ ▒░▒ ░▒▒░ ▒▒ ░░▒ ░▒▒░ ▒░ ▒▒░░ ▒▒░ ░░▒ ▒▒▒ ▒░░ ▒░░ ▒░▒ ░▒▒░ ▒▒ ░░▒ ░▒▒░ ▒░ ▒▒░░ ▒▒░ ░░▒ ▒▒▒ ▒░░ ▒░░ ▒░▒ ░▒▒░ ▒▒ ░░▒ ░▒▒░ ▒░ ▒▒░░ ▒▒░ ░░▒ ▒▒▒ ▒░░ ▒░░ ▒░▒ ░▒▒░ ▒▒ ░░▒ ░▒▒░ ▒░ ▒▒░░ ▒▒░ ░░▒ ▒▒▒ ▒░░ ▒░░ ▒░▒ ░▒▒░ ▒▒ ░░▒ ░▒▒░ ▒░ ▒▒░░ ▒▒░ ░░▒ ▒▒▒ ▒░░ ▒░░ ▒░▒ ░▒▒░ ▒▒ ░░▒ ░▒▒░ ▒░ ▒▒░░ ▒▒░ ░░▒ ▒▒▒ ▒░░ ▒░░ ▒░▒ ░▒▒░ ▒▒ ░░▒ ░▒▒░ ▒░ ▒▒░░ ▒▒░ ░░▒ ▒▒▒ ▒░░ ▒░░ ▒░▒ ░▒▒░ ▒▒ ░░▒ ░▒▒░ ▒░ ▒▒░░ ▒▒░ ░░▒ ▒▒▒ ▒░░ ▒░░ ▒░▒ ░▒▒░ ▒▒ ░░▒ ░▒▒░ ▒░ ▒▒░░ ▒▒░ ░░▒ ▒▒▒ ▒░░ ▒░░ ▒░▒ ░▒▒░ ▒▒ ░░▒ ░▒▒░ ▒░ ▒▒░░ ▒▒░ ░░▒ ▒▒▒ ▒░░ ▒░░ ▒░▒ ░▒▒░ ▒▒ ░░▒ ░▒▒░ ▒░ ▒▒░░ ▒▒░ ░░▒ ▒▒▒ ▒░░ ▒░░ ▒░▒ ░▒▒░ ▒▒ ░░▒ ░▒▒░ ▒░ ▒▒░░ ▒▒░ ░░▒ ▒▒▒ ▒░░ ▒░░ ▒░▒ ░▒▒░ ▒▒ ░░▒ ░▒▒░ ▒░ ▒▒░░ ▒▒░ ░░▒ ▒▒▒ ▒░░ ▒░░ ▒░▒ ░▒▒░ ▒▒ ░░▒ ░▒▒░ ▒░ ▒▒░░ ▒▒░ ░░▒ ▒▒▒ ▒░░ ▒░░ ▒░▒ ░▒▒░ ▒▒ ░░▒ ░▒▒░ ▒░ ▒▒░░ ▒▒░ ░░▒ ▒▒▒ ▒░░ ▒░░ ▒░▒ ░▒▒░ ▒▒ ░░▒ ░▒▒░ ▒░ ▒▒░░ ▒▒░ ░░▒ ▒▒▒ ▒░░ ▒░░ ▒░▒ ░▒▒░ ▒▒ ░░▒ ░▒▒░ ▒░ ▒▒░░ ▒▒░ ░░▒ ▒▒▒ ▒░░ ▒░░ ▒░▒ ░▒▒░ ▒▒ ░░▒ ░▒▒░ ▒░ ▒▒░░ ▒▒░ ░░▒ ▒▒▒ ▒░░ ▒░░ ▒░▒ ░▒▒░ ▒▒ ░░▒ ░▒▒░ ▒░ ▒▒░░ ▒▒░ ░░▒ ▒▒▒ ▒░░ ▒░░ ▒░▒ ░▒▒░ ▒▒ ░░▒ ░▒▒░ ▒░ ▒▒░░ ▒▒░ ░░▒ ▒▒▒ ▒░░ ▒░░ ▒░▒ ░▒▒░ ▒▒ ░░▒ ░▒▒░ ▒░ ▒▒░░ ▒▒░ ░░▒ ▒▒▒ ▒░░ ▒░░ ▒░▒ ░▒▒░ ▒▒ ░░▒ ░▒▒░ ▒░ ▒▒░░ ▒▒░ ░░▒ ▒▒▒ ▒░░ ▒░░ ▒░▒ ░▒▒░ ▒▒ ░░▒ ░▒▒░ ▒░ ▒▒░░ ▒▒░ ░░▒ ▒▒▒ ▒░░ ▒░░ ▒░▒ ░▒▒░ ▒▒ ░░▒ ░▒▒░ ▒░ ▒▒░░ ▒▒░ ░░▒ ▒▒▒ ▒░░ ▒░░ ▒░▒ ░▒▒░ ▒▒ ░░▒ ░▒▒░ ▒░ ▒▒░░ ▒▒░ ░░▒ ▒▒▒ ▒░░ ▒░░ ▒░▒ ░▒▒░ ▒▒ ░░▒ ░▒▒░ ▒░ ▒▒░░ ▒▒░ ░░▒ ▒▒▒ ▒░░ ▒░░ ▒░▒ ░▒▒░ ▒▒ ░░▒ ░▒▒░ ▒░ ▒▒░░ ▒▒░ ░░▒ ▒▒▒ ▒░░ ▒░░ ▒░▒ ░▒▒░ ▒▒ ░░▒ ░▒▒░ ▒░ ▒▒░░ ▒▒░ ░░▒ ▒▒▒ ▒░░ ▒░░ ▒░▒ ░▒▒░ ▒▒ ░░▒ ░▒▒░ ▒░ ▒▒░░ ▒▒░ ░░▒ ▒▒▒ ▒░░ ▒░░ ▒░▒ ░▒▒░ ▒▒ ░░▒ ░▒▒░ ▒░ ▒▒░░ ▒▒░ ░░▒ ▒▒▒ ▒░░ ▒░░ ▒░▒ ░▒▒░ ▒▒ ░░▒ ░▒▒░ ▒░ ▒▒░░ ▒▒░ ░░▒ ▒▒▒ ▒░░ ▒░░ ▒░▒ ░▒▒░ ▒▒ ░░▒ ░▒▒░ ▒░ ▒▒░░ ▒▒░ ░░▒ ▒▒▒ ▒░░ ▒░░ ▒░▒ ░▒▒░ ▒▒ ░░▒ ░▒▒░ ▒░ ▒▒░░ ▒▒░ ░░▒ ▒▒▒ ▒░░ ▒░░ ▒░▒ ░▒▒░ ▒▒ ░░▒ ░▒▒░ ▒░ ▒▒░░ ▒▒░ ░░▒ ▒▒▒ ▒░░ ▒░░ ▒░▒ ░▒▒░ ▒▒ ░░▒ ░▒▒░ ▒░ ▒▒░░ ▒▒░ ░░▒ ▒▒▒ ▒░░ ▒░░ ▒░▒ ░▒▒░ ▒▒ ░░▒ ░▒▒░ ▒░ ▒▒░░ ▒▒░ ░░▒ ▒▒▒ ▒░░ ▒░░ ▒░▒ ░▒▒░ ▒▒ ░░▒ ░▒▒░ ▒░ ▒▒░░ ▒▒░ ░░▒ ▒▒▒ ▒░░ ▒░░ ▒░▒ ░▒▒░ ▒▒ ░░▒ ░▒▒░ ▒░ ▒▒░░ ▒▒░ ░░▒ ▒▒▒ ▒░░ ▒░░ ▒░▒ ░▒▒░ ▒▒ ░░▒ ░▒▒░ ▒░ ▒▒░░ ▒▒░ ░░▒ ▒▒▒ ▒░░ ▒░░ ▒░▒ ░▒▒░ ▒▒ ░░▒ ░▒▒░ ▒░ ▒▒░░ ▒▒░ ░░▒ ▒▒▒ ▒░░ ▒░░ ▒░▒ ░▒▒░ ▒▒ ░░▒ ░▒▒░ ▒░ ▒▒░░ ▒▒░ ░░▒ ▒▒▒
Far & Sure

The Easter meeting of the Royal Liverpool Club took place at Hoylake on Monday and Tuesday, the weather being fine and the greens in excellent order.

▒▒ ░░▒ ░▒▒░ ▒░ ▒▒░░ ▒▒░ ░░▒ ▒▒▒ ▒░░ ▒░░ ▒░▒ ░▒▒░ ▒▒ ░░▒ ░▒▒░ ▒░ ▒▒░░ ▒▒░ ░░▒ ▒▒▒ ▒░░ ▒░░ ▒░▒ ░▒▒░ ▒▒ ░░▒ ░▒▒░ ▒░ ▒▒░░ ▒▒░ ░░▒ ▒▒▒ ▒░░ ▒░░ ▒░▒ ░▒▒░ ▒▒ ░░▒ ░▒▒░ ▒░ ▒▒░░ ▒▒░ ░░▒ ▒▒▒ ▒░░ ▒░░ ▒░▒ ░▒▒░ ▒▒ ░░▒ ░▒▒░ ▒░ ▒▒░░ ▒▒░ ░░▒ ▒▒▒ ▒░░ ▒░░ ▒░▒ ░▒▒░ ▒▒ ░░▒ ░▒▒░ ▒░ ▒▒░░ ▒▒░ ░░▒ ▒▒▒ ▒░░ ▒░░ ▒░▒ ░▒▒░ ▒▒ ░░▒ ░▒▒░ ▒░ ▒▒░░ ▒▒░ ░░▒ ▒▒▒ ▒░░ ▒░░ ▒░▒ ░▒▒░ ▒▒ ░░▒ ░▒▒░ ▒░ ▒▒░░ ▒▒░ ░░▒ ▒▒▒ ▒░░ ▒░░ ▒░▒ ░▒▒░ ▒▒ ░░▒ ░▒▒░ ▒░ ▒▒░░ ▒▒░ ░░▒ ▒▒▒ ▒░░ ▒░░ ▒░▒ ░▒▒░ ▒▒ ░░▒ ░▒▒░ ▒░ ▒▒░░ ▒▒░ ░░▒ ▒▒▒ ▒░░ ▒░░ ▒░▒ ░▒▒░ ▒▒ ░░▒ ░▒▒░ ▒░ ▒▒░░ ▒▒░ ░░▒ ▒▒▒ ▒░░ ▒░░ ▒░▒ ░▒▒░ ▒▒ ░░▒ ░▒▒░ ▒░ ▒▒░░ ▒▒░ ░░▒ ▒▒▒ ▒░░ ▒░░ ▒░▒ ░▒▒░ ▒▒ ░░▒ ░▒▒░ ▒░ ▒▒░░ ▒▒░ ░░▒ ▒▒▒ ▒░░ ▒░░ ▒░▒ ░▒▒░ ▒▒ ░░▒ ░▒▒░ ▒░ ▒▒░░ ▒▒░ ░░▒ ▒▒▒ ▒░░ ▒░░ ▒░▒ ░▒▒░ ▒▒ ░░▒ ░▒▒░ ▒░ ▒▒░░ ▒▒░ ░░▒ ▒▒▒ ▒░░ ▒░░ ▒░▒ ░▒▒░ ▒▒ ░░▒ ░▒▒░ ▒░ ▒▒░░ ▒▒░ ░░▒ ▒▒▒ ▒░░ ▒░░ ▒░▒ ░▒▒░ ▒▒ ░░▒ ░▒▒░ ▒░ ▒▒░░ ▒▒░ ░░▒ ▒▒▒ ▒░░ ▒░░ ▒░▒ ░▒▒░ ▒▒ ░░▒ ░▒▒░ ▒░ ▒▒░░ ▒▒░ ░░▒ ▒▒▒ ▒░░ ▒░░ ▒░▒ ░▒▒░ ▒▒ ░░▒ ░▒▒░ ▒░ ▒▒░░ ▒▒░ ░░▒ ▒▒▒ ▒░░ ▒░░ ▒░▒ ░▒▒░ ▒▒ ░░▒ ░▒▒░ ▒░ ▒▒░░ ▒▒░ ░░▒ ▒▒▒ ▒░░ ▒░░ ▒░▒ ░▒▒░ ▒▒ ░░▒ ░▒▒░ ▒░ ▒▒░░ ▒▒░ ░░▒ ▒▒▒ ▒░░ ▒░░ ▒░▒ ░▒▒░ ▒▒ ░░▒ ░▒▒░ ▒░ ▒▒░░ ▒▒░ ░░▒ ▒▒▒ ▒░░ ▒░░ ▒░▒ ░▒▒░ ▒▒ ░░▒ ░▒▒░ ▒░ ▒▒░░ ▒▒░ ░░▒ ▒▒▒ ▒░░ ▒░░ ▒░▒ ░▒▒░ ▒▒ ░░▒ ░▒▒░ ▒░ ▒▒░░ ▒▒░ ░░▒ ▒▒▒ ▒░░ ▒░░ ▒░▒ ░▒▒░ ▒▒ ░░▒ ░▒▒░ ▒░ ▒▒░░ ▒▒░ ░░▒ ▒▒▒ ▒░░ ▒░░ ▒░▒ ░▒▒░ ▒▒ ░░▒ ░▒▒░ ▒░ ▒▒░░ ▒▒░ ░░▒ ▒▒▒ ▒░░ ▒░░ ▒░▒ ░▒▒░ ▒▒ ░░▒ ░▒▒░ ▒░ ▒▒░░ ▒▒░ ░░▒ ▒▒▒ ▒░░ ▒░░ ▒░▒ ░▒▒░ ▒▒ ░░▒ ░▒▒░ ▒░ ▒▒░░ ▒▒░ ░░▒ ▒▒▒ ▒░░ ▒░░ ▒░▒ ░▒▒░ ▒▒ ░░▒ ░▒▒░ ▒░ ▒▒░░ ▒▒░ ░░▒ ▒▒▒ ▒░░ ▒░░ ▒░▒ ░▒▒░ ▒▒ ░░▒ ░▒▒░ ▒░
BILLIARDS.

Last week, M. Coles, champion of the Midlands, and G. Dawson, champion of the north of England, played a 6,000 up game level.

▒▒ ░░▒ ░▒▒░ ▒░ ▒▒░░ ▒▒░ ░░▒ ▒▒▒ ▒░░ ▒░░ ▒░▒ ░▒▒░ ▒▒ ░░▒ ░▒▒░ ▒░ ▒▒░░ ▒▒░ ░░▒ ▒▒▒ ▒░░ ▒░░ ▒░▒ ░▒▒░ ▒▒ ░░▒ ░▒▒░ ▒░ ▒▒░░ ▒▒░ ░░▒ ▒▒▒ ▒░░ ▒░░ ▒░▒ ░▒▒░ ▒▒ ░░▒ ░▒▒░ ▒░ ▒▒░░ ▒▒░ ░░▒ ▒▒▒ ▒░░ ▒░░ ▒░▒ ░▒▒░ ▒▒ ░░▒ ░▒▒░ ▒░ ▒▒░░ ▒▒░ ░░▒ ▒▒▒ ▒░░ ▒░░ ▒░▒ ░▒▒░ ▒▒ ░░▒ ░▒▒░ ▒░ ▒▒░░ ▒▒░ ░░▒ ▒▒▒ ▒░░ ▒░░ ▒░▒ ░▒▒░ ▒▒ ░░▒ ░▒▒░ ▒░ ▒▒░░ ▒▒░ ░░▒ ▒▒▒
CHESS, DRAUGHTS, &c.

Mr Blackburne has won his match with Sener Golmayo. The latter is a Judge in the Supreme Court of Cuba.

▒▒ ░░▒ ░▒▒░ ▒░ ▒▒░░ ▒▒░ ░░▒ ▒▒▒ ▒░░ ▒░░ ▒░▒ ░▒▒░ ▒▒ ░░▒ ░▒▒░ ▒░ ▒▒░░ ▒▒░ ░░▒ ▒▒▒ ▒░░ ▒░░ ▒░▒ ░▒▒░ ▒▒ ░░▒ ░▒▒░ ▒░ ▒▒░░ ▒▒░ ░░▒ ▒▒▒ ▒░░ ▒░░ ▒░▒ ░▒▒░ ▒▒ ░░▒ ░▒▒░ ▒░ ▒▒░░ ▒▒░ ░░▒ ▒▒▒ ▒░░ ▒░░ ▒░▒ ░▒▒░ ▒▒ ░░▒ ░▒▒░ ▒░ ▒▒░░ ▒▒░ ░░▒ ▒▒▒ ▒░░ ▒░░ ▒░▒ ░▒▒░ ▒▒ ░░▒ ░▒▒░ ▒░ ▒▒░░ ▒▒░ ░░▒ ▒▒▒ ▒░░ ▒░░ ▒░▒ ░▒▒░ ▒▒ ░░▒ ░▒▒░ ▒░ ▒▒░░ ▒▒░ ░░▒ ▒▒▒ ▒░░ ▒░░ ▒░▒ ░▒▒░ ▒▒ ░░▒ ░▒▒░ ▒░ ▒▒░░ ▒▒░ ░░▒ ▒▒▒ ▒░░ ▒░░ ▒░▒ ░▒▒░ ▒▒ ░░▒ ░▒▒░ ▒░ ▒▒░░ ▒▒░ ░░▒ ▒▒▒ ▒░░ ▒░░ ▒░▒ ░▒▒░ ▒▒ ░░▒ ░▒▒░ ▒░ ▒▒░░ ▒▒░ ░░▒ ▒▒▒ ▒░░ ▒░░ ▒░▒ ░▒▒░ ▒▒ ░░▒ ░▒▒░ ▒░ ▒▒░░ ▒▒░ ░░▒ ▒▒▒
Splashes & Spurts

Everything must be very short this week. This is because the International match comes first of all, and then there is so little space to give.

I am very sorry for this, because I would like to have noticed more fully than I can do the reported death of a once famous athlete, I mean Harry M'Millan.

▒▒ ░░▒ ░▒▒░ ▒░ ▒▒░░ ▒▒░ ░░▒ ▒▒▒ ▒░░ ▒░░ ▒░▒ ░▒▒░ ▒▒ ░░▒ ░▒▒░ ▒░ ▒▒░░ ▒▒░ ░░▒ ▒▒▒ ▒░░ ▒░░ ▒░▒ ░▒▒░ ▒▒ ░░▒ ░▒▒░ ▒░ ▒▒░░ ▒▒░ ░░▒ ▒▒▒ ▒░░ ▒░░ ▒░▒ ░▒▒░ ▒▒ ░░▒ ░▒▒░ ▒░ ▒▒░░ ▒▒░ ░░▒ ▒▒▒ ▒░░ ▒░░ ▒░▒ ░▒▒░ ▒▒ ░░▒ ░▒▒░ ▒░ ▒▒░░ ▒▒░ ░░▒ ▒▒▒ ▒░░ ▒░░ ▒░▒ ░▒▒░ ▒▒ ░░▒ ░▒▒░ ▒░ ▒▒░░ ▒▒░ ░░▒ ▒▒▒ ▒░░ ▒░░ ▒░▒ ░▒▒░ ▒▒ ░░▒ ░▒▒░ ▒░ ▒▒░░ ▒▒░ ░░▒ ▒▒▒ ▒░░ ▒░░ ▒░▒ ░▒▒░ ▒▒ ░░▒ ░▒▒░ ▒░ ▒▒░░ ▒▒░ ░░▒ ▒▒▒ ▒░░ ▒░░ ▒░▒ ░▒▒░ ▒▒ ░░▒ ░▒▒░ ▒░ ▒▒░░ ▒▒░ ░░▒ ▒▒▒ ▒░░ ▒░░ ▒░▒ ░▒▒░ ▒▒ ░░▒ ░▒▒░ ▒░ ▒▒░░ ▒▒░ ░░▒ ▒▒▒ ▒░░ ▒░░ ▒░▒ ░▒▒░ ▒▒ ░░▒ ░▒▒░ ▒░ ▒▒░░ ▒▒░ ░░▒ ▒▒▒ ▒░░ ▒░░ ▒░▒ ░▒▒░ ▒▒ ░░▒ ░▒▒░ ▒░ ▒▒░░ ▒▒░ ░░▒ ▒▒▒ ▒░░ ▒░░ ▒░▒ ░▒▒░ ▒▒ ░░▒ ░▒▒░ ▒░ ▒▒░░ ▒▒░ ░░▒ ▒▒▒ ▒░░ ▒░░ ▒░▒ ░▒▒░ ▒▒ ░░▒ ░▒▒░ ▒░ ▒▒░░ ▒▒░ ░░▒ ▒▒▒ ▒░░ ▒░░ ▒░▒ ░▒▒░ ▒▒ ░░▒ ░▒▒░ ▒░ ▒▒░░ ▒▒░ ░░▒ ▒▒▒ ▒░░ ▒░░ ▒░▒ ░▒▒░ ▒▒ ░░▒ ░▒▒░ ▒░ ▒▒░░ ▒▒░ ░░▒ ▒▒▒ ▒░░ ▒░░ ▒░▒ ░▒▒░ ▒▒ ░░▒ ░▒▒░ ▒░ ▒▒░░ ▒▒░ ░░▒ ▒▒▒ ▒░░ ▒░░ ▒░▒ ░▒▒░ ▒▒ ░░▒ ░▒▒░ ▒░ ▒▒░░ ▒▒░ ░░▒ ▒▒▒ ▒░░ ▒░░ ▒░▒ ░▒▒░ ▒▒ ░░▒ ░▒▒░ ▒░ ▒▒░░ ▒▒░ ░░▒ ▒▒▒ ▒░░ ▒░░ ▒░▒ ░▒▒░ ▒▒ ░░▒ ░▒▒░ ▒░ ▒▒░░ ▒▒░ ░░▒ ▒▒▒ ▒░░ ▒░░ ▒░▒ ░▒▒░ ▒▒ ░░▒ ░▒▒░ ▒░ ▒▒░░ ▒▒░ ░░▒ ▒▒▒ ▒░░ ▒░░ ▒░▒ ░▒▒░ ▒▒ ░░▒ ░▒▒░ ▒░ ▒▒░░ ▒▒░ ░░▒ ▒▒▒ ▒░░ ▒░░ ▒░▒ ░▒▒░ ▒▒ ░░▒ ░▒▒░ ▒░ ▒▒░░ ▒▒░ ░░▒ ▒▒▒ ▒░░ ▒░░ ▒░▒ ░▒▒░ ▒▒ ░░▒ ░▒▒░ ▒░ ▒▒░░ ▒▒░ ░░▒ ▒▒▒ ▒░░ ▒░░ ▒░▒ ░▒▒░ ▒▒ ░░▒ ░▒▒░ ▒░ ▒▒░░ ▒▒░ ░░▒ ▒▒▒ ▒░░ ▒░░ ▒░▒ ░▒▒░ ▒▒ ░░▒ ░▒▒░ ▒░ ▒▒░░ ▒▒░ ░░▒ ▒▒▒ ▒░░ ▒░░ ▒░▒ ░▒▒░ ▒▒ ░░▒ ░▒▒░ ▒░ ▒▒░░ ▒▒░ ░░▒ ▒▒▒ ▒░░ ▒░░ ▒░▒ ░▒▒░ ▒▒ ░░▒ ░▒▒░ ▒░ ▒▒░░ ▒▒░ ░░▒ ▒▒▒ ▒░░ ▒░░ ▒░▒ ░▒▒░ ▒▒ ░░▒ ░▒▒░ ▒░ ▒▒░░ ▒▒░ ░░▒ ▒▒▒ ▒░░ ▒░░ ▒░▒ ░▒▒░ ▒▒ ░░▒ ░▒▒░ ▒░ ▒▒░░ ▒▒░ ░░▒ ▒▒▒ ▒░░ ▒░░ ▒░▒ ░▒▒░ ▒▒ ░░▒ ░▒▒░ ▒░ ▒▒░░ ▒▒░ ░░▒ ▒▒▒ ▒░░ ▒░░ ▒░▒ ░▒▒░ ▒▒ ░░▒ ░▒▒░ ▒░ ▒▒░░ ▒▒░ ░░▒ ▒▒▒ ▒░░ ▒░░ ▒░▒ ░▒▒░ ▒▒ ░░▒ ░▒▒░ ▒░ ▒▒░░ ▒▒░ ░░▒ ▒▒▒ ▒░░ ▒░░ ▒░▒ ░▒▒░ ▒▒ ░░▒ ░▒▒░ ▒░ ▒▒░░ ▒▒░ ░░▒ ▒▒▒ ▒░░ ▒░░ ▒░▒ ░▒▒░ ▒▒ ░░▒ ░▒▒░ ▒░ ▒▒░░ ▒▒░ ░░▒ ▒▒▒ ▒░░ ▒░░ ▒░▒ ░▒▒░ ▒▒ ░░▒ ░▒▒░ ▒░ ▒▒░░ ▒▒░ ░░▒ ▒▒▒ ▒░░ ▒░░ ▒░▒ ░▒▒░ ▒▒ ░░▒ ░▒▒░ ▒░ ▒▒░░ ▒▒░ ░░▒ ▒▒▒ ▒░░ ▒░░ ▒░▒ ░▒▒░ ▒▒ ░░▒ ░▒▒░ ▒░ ▒▒░░ ▒▒░ ░░▒ ▒▒▒ ▒░░ ▒░░ ▒░▒ ░▒▒░ ▒▒ ░░▒ ░▒▒░ ▒░ ▒▒░░ ▒▒░ ░░▒ ▒▒▒ ▒░░ ▒░░ ▒░▒ ░▒▒░ ▒▒ ░░▒ ░▒▒░ ▒░ ▒▒░░ ▒▒░ ░░▒ ▒▒▒ ▒░░ ▒░░ ▒░▒ ░▒▒░ ▒▒ ░░▒ ░▒▒░ ▒░ ▒▒░░ ▒▒░ ░░▒ ▒▒▒ ▒░░ ▒░░ ▒░▒ ░▒▒░ ▒▒ ░░▒ ░▒▒░ ▒░ ▒▒░░ ▒▒░ ░░▒ ▒▒▒ ▒░░ ▒░░ ▒░▒ ░▒▒░ ▒▒ ░░▒ ░▒▒░ ▒░ ▒▒░░ ▒▒░ ░░▒ ▒▒▒ ▒░░ ▒░░ ▒░▒ ░▒▒░ ▒▒ ░░▒ ░▒▒░ ▒░ ▒▒░░ ▒▒░ ░░▒ ▒▒▒ ▒░░ ▒░░ ▒░▒ ░▒▒░ ▒▒ ░░▒ ░▒▒░ ▒░ ▒▒░░ ▒▒░ ░░▒ ▒▒▒ ▒░░ ▒░░ ▒░▒ ░▒▒░ ▒▒ ░░▒ ░▒▒░ ▒░ ▒▒░░ ▒▒░ ░░▒ ▒▒▒ ▒░░ ▒░░ ▒░▒ ░▒▒░ ▒▒ ░░▒ ░▒▒░ ▒░ ▒▒░░ ▒▒░ ░░▒ ▒▒▒ ▒░░ ▒░░ ▒░▒ ░▒▒░ ▒▒ ░░▒ ░▒▒░ ▒░ ▒▒░░ ▒▒░ ░░▒ ▒▒▒ ▒░░ ▒░░ ▒░▒ ░▒▒░ ▒▒ ░░▒ ░▒▒░ ▒░ ▒▒░░ ▒▒░ ░░▒ ▒▒▒ ▒░░ ▒░░ ▒░▒ ░▒▒░ ▒▒ ░░▒ ░▒▒░ ▒░ ▒▒░░ ▒▒░ ░░▒ ▒▒▒ ▒░░ ▒░░ ▒░▒ ░▒▒░ ▒▒ ░░▒ ░▒▒░ ▒░ ▒▒░░ ▒▒░ ░░▒ ▒▒▒ ▒░░ ▒░░ ▒░▒ ░▒▒░ ▒▒ ░░▒ ░▒▒░ ▒░ ▒▒░░ ▒▒░ ░░▒ ▒▒▒ ▒░░ ▒░░ ▒░▒ ░▒▒░ ▒▒ ░░▒ ░▒▒░ ▒░ ▒▒░░ ▒▒░ ░░▒ ▒▒▒ ▒░░ ▒░░ ▒░▒ ░▒▒░ ▒▒ ░░▒ ░▒▒░ ▒░ ▒▒░░ ▒▒░ ░░▒ ▒▒▒ ▒░░ ▒░░ ▒░▒ ░▒▒░ ▒▒ ░░▒ ░▒▒░ ▒░ ▒▒░░ ▒▒░ ░░▒ ▒▒▒ ▒░░ ▒░░ ▒░▒ ░▒▒░ ▒▒ ░░▒ ░▒▒░ ▒░ ▒▒░░ ▒▒░ ░░▒ ▒▒▒ ▒░░ ▒░░ ▒░▒ ░▒▒░ ▒▒ ░░▒ ░▒▒░ ▒░ ▒▒░░ ▒▒░ ░░▒ ▒▒▒ ▒░░ ▒░░ ▒░▒ ░▒▒░ ▒▒ ░░▒ ░▒▒░ ▒░ ▒▒░░ ▒▒░ ░░▒ ▒▒▒ ▒░░ ▒░░ ▒░▒ ░▒▒░ ▒▒ ░░▒ ░▒▒░ ▒░ ▒▒░░ ▒▒░ ░░▒ ▒▒▒ ▒░░ ▒░░ ▒░▒ ░▒▒░ ▒▒ ░░▒ ░▒▒░ ▒░
Cuttings from the English Athletic Press.

Gibson, the Sunderland half-back, has during the past week been in Preston, and, with the sanction of his committee, he has signed for North-End.

Mr Spofforth, the "demon" bowler, who played last season for Derbyshire, has taken a house in Broadfield Gardens, West Hampstead, and may be expected to play this year in first-class matches.

▒▒ ░░▒ ░▒▒░ ▒░ ▒▒░░ ▒▒░ ░░▒ ▒▒▒ ▒░░ ▒░░ ▒░▒ ░▒▒░ ▒▒ ░░▒ ░▒▒░ ▒░ ▒▒░░ ▒▒░ ░░▒ ▒▒▒ ▒░░ ▒░░ ▒░▒ ░▒▒░ ▒▒ ░░▒ ░▒▒░ ▒░ ▒▒░░ ▒▒░ ░░▒ ▒▒▒ ▒░░ ▒░░ ▒░▒ ░▒▒░ ▒▒ ░░▒ ░▒▒░ ▒░ ▒▒░░ ▒▒░ ░░▒ ▒▒▒ ▒░░ ▒░░ ▒░▒ ░▒▒░ ▒▒ ░░▒ ░▒▒░ ▒░ ▒▒░░ ▒▒░ ░░▒ ▒▒▒ ▒░░ ▒░░ ▒░▒ ░▒▒░ ▒▒ ░░▒ ░▒▒░ ▒░ ▒▒░░ ▒▒░ ░░▒ ▒▒▒ ▒░░ ▒░░ ▒░▒ ░▒▒░ ▒▒ ░░▒ ░▒▒░ ▒░ ▒▒░░ ▒▒░ ░░▒ ▒▒▒ ▒░░ ▒░░ ▒░▒ ░▒▒░ ▒▒ ░░▒ ░▒▒░ ▒░ ▒▒░░ ▒▒░ ░░▒ ▒▒▒ ▒░░ ▒░░ ▒░▒ ░▒▒░ ▒▒ ░░▒ ░▒▒░ ▒░ ▒▒░░ ▒▒░ ░░▒ ▒▒▒ ▒░░ ▒░░ ▒░▒ ░▒▒░ ▒▒ ░░▒ ░▒▒░ ▒░ ▒▒░░ ▒▒░ ░░▒ ▒▒▒ ▒░░ ▒░░ ▒░▒ ░▒▒░ ▒▒ ░░▒ ░▒▒░ ▒░ ▒▒░░ ▒▒░ ░░▒ ▒▒▒ ▒░░ ▒░░ ▒░▒ ░▒▒░ ▒▒ ░░▒ ░▒▒░ ▒░ ▒▒░░ ▒▒░ ░░▒ ▒▒▒ ▒░░ ▒░░ ▒░▒ ░▒▒░ ▒▒ ░░▒ ░▒▒░ ▒░ ▒▒░░ ▒▒░ ░░▒ ▒▒▒ ▒░░ ▒░░ ▒░▒ ░▒▒░ ▒▒ ░░▒ ░▒▒░ ▒░ ▒▒░░ ▒▒░ ░░▒ ▒▒▒ ▒░░ ▒░░ ▒░▒ ░▒▒░ ▒▒ ░░▒ ░▒▒░ ▒░ ▒▒░░ ▒▒░ ░░▒ ▒▒▒ ▒░░ ▒░░ ▒░▒ ░▒▒░ ▒▒ ░░▒ ░▒▒░ ▒░ ▒▒░░ ▒▒░ ░░▒ ▒▒▒ ▒░░ ▒░░ ▒░▒ ░▒▒░ ▒▒ ░░▒ ░▒▒░ ▒░ ▒▒░░ ▒▒░ ░░▒ ▒▒▒ ▒░░ ▒░░ ▒░▒ ░▒▒░ ▒▒ ░░▒ ░▒▒░ ▒░ ▒▒░░ ▒▒░ ░░▒ ▒▒▒ ▒░░ ▒░░ ▒░▒ ░▒▒░ ▒▒ ░░▒ ░▒▒░ ▒░ ▒▒░░ ▒▒░ ░░▒ ▒▒▒ ▒░░ ▒░░ ▒░▒ ░▒▒░ ▒▒ ░░▒ ░▒▒░ ▒░ ▒▒░░ ▒▒░ ░░▒ ▒▒▒ ▒░░ ▒░░ ▒░▒ ░▒▒░ ▒▒ ░░▒ ░▒▒░ ▒░ ▒▒░░ ▒▒░ ░░▒ ▒▒▒ ▒░░ ▒░░ ▒░▒ ░▒▒░ ▒▒ ░░▒ ░▒▒░ ▒░ ▒▒░░ ▒▒░ ░░▒ ▒▒▒ ▒░░ ▒░░ ▒░▒ ░▒▒░ ▒▒ ░░▒ ░▒▒░ ▒░ ▒▒░░ ▒▒░ ░░▒ ▒▒▒ ▒░░ ▒░░ ▒░▒ ░▒▒░ ▒▒ ░░▒ ░▒▒░ ▒░ ▒▒░░ ▒▒░ ░░▒ ▒▒▒ ▒░░ ▒░░ ▒░▒ ░▒▒░ ▒▒ ░░▒ ░▒▒░ ▒░ ▒▒░░ ▒▒░ ░░▒ ▒▒▒ ▒░░ ▒░░ ▒░▒ ░▒▒░ ▒▒ ░░▒ ░▒▒░ ▒░ ▒▒░░ ▒▒░ ░░▒ ▒▒▒ ▒░░ ▒░░ ▒░▒ ░▒▒░ ▒▒ ░░▒ ░▒▒░ ▒░ ▒▒░░ ▒▒░ ░░▒ ▒▒▒ ▒░░ ▒░░ ▒░▒ ░▒▒░ ▒▒ ░░▒ ░▒▒░ ▒░ ▒▒░░ ▒▒░ ░░▒ ▒▒▒ ▒░░ ▒░░ ▒░▒ ░▒▒░ ▒▒ ░░▒ ░▒▒░ ▒░ ▒▒░░ ▒▒░ ░░▒ ▒▒▒ ▒░░ ▒░░ ▒░▒ ░▒▒░ ▒▒ ░░▒ ░▒▒░ ▒░ ▒▒░░ ▒▒░ ░░▒ ▒▒▒ ▒░░ ▒░░ ▒░▒ ░▒▒░ ▒▒ ░░▒ ░▒▒░ ▒░ ▒▒░░ ▒▒░ ░░▒ ▒▒▒ ▒░░ ▒░░ ▒░▒ ░▒▒░ ▒▒ ░░▒ ░▒▒░ ▒░
BUY ONLY ALLCOCK'S
POROUS
PLASTERS,
AND INSIST UPON HAVING ALLCOCK'S AND ALLCOCK'S ONLY.
BEWARE OF ALL OTHERS PURPORTING TO BE AS GOOD.
ALLCOCK'S PLASTERS

Harry Campbell, of the Rovers, who has been ill in London, is recovering very nicely.

▒▒ ░░▒ ░▒▒░ ▒░ ▒▒░░ ▒▒░ ░░▒ ▒▒▒ ▒░░ ▒░░ ▒░▒ ░▒▒░ ▒▒ ░░▒ ░▒▒░ ▒░ ▒▒░░ ▒▒░ ░░▒ ▒▒▒ ▒░░ ▒░░ ▒░▒ ░▒▒░ ▒▒ ░░▒ ░▒▒░ ▒░ ▒▒░░ ▒▒░ ░░▒ ▒▒▒ ▒░░ ▒░░ ▒░▒ ░▒▒░ ▒▒ ░░▒ ░▒▒░ ▒░ ▒▒░░ ▒▒░ ░░▒ ▒▒▒ ▒░░ ▒░░ ▒░▒ ░▒▒░
MITCHELL'S
MILD,
MELLOW,
MATURED,
OLD IRISH WHISKY, BELFAST,
GLASGOW OFFICE—32-40 HOLM STREET.
PERCIVAL KING
Has now Ready his New
CRICKET AND
LAWN-TENNIS
PRICE LIST, with Laws of both Games.
Post Free on Application to
54 LOTHIAN STREET,
EDINBURGH.

The A.G.M. of the Western Local Centre takes place in Hatton's Hotel to-morrow night.

▒▒ ░░▒ ░▒▒░ ▒░ ▒▒░░ ▒▒░ ░░▒ ▒▒▒ ▒░░ ▒░░ ▒░▒ ░▒▒░ ▒▒ ░░▒ ░▒▒░ ▒░ ▒▒░░ ▒▒░ ░░▒ ▒▒▒ ▒░░ ▒░░ ▒░▒ ░▒▒░ ▒▒ ░░▒ ░▒▒░ ▒░ ▒▒░░ ▒▒░ ░░▒ ▒▒▒ ▒░░ ▒░░ ▒░▒ ░▒▒░ ▒▒ ░░▒ ░▒▒░ ▒░ ▒▒░░ ▒▒░ ░░▒ ▒▒▒ ▒░░ ▒░░ ▒░▒ ░▒▒░ ▒▒ ░░▒ ░▒▒░ ▒░ ▒▒░░ ▒▒░ ░░▒ ▒▒▒ ▒░░ ▒░░ ▒░▒ ░▒▒░ ▒▒ ░░▒ ░▒▒░ ▒░ ▒▒░░ ▒▒░ ░░▒ ▒▒▒ ▒░░ ▒░░ ▒░▒ ░▒▒░ ▒▒ ░░▒ ░▒▒░ ▒░ ▒▒░░ ▒▒░ ░░▒ ▒▒▒
THE LEADING HOUSE FOR GOLD AND SILVER BADGES.
D. DOW,
WATCHMAKER AND JEWELLER,
24 ARGYLE STREET, GLASGOW
▒▒ ░░▒ ░▒▒░ ▒░ ▒▒░░ ▒▒░ ░░▒ ▒▒▒ ▒░░ ▒░░ ▒░▒ ░▒▒░ ▒▒ ░░▒ ░▒▒░ ▒░ ▒▒░░ ▒▒░ ░░▒ ▒▒▒ ▒░░ ▒░░ ▒░▒ ░▒▒░ ▒▒ ░░▒ ░▒▒░ ▒░ ▒▒░░ ▒▒░ ░░▒ ▒▒▒ ▒░░ ▒░░ ▒░▒ ░▒▒░ ▒▒ ░░▒ ░▒▒░ ▒░
THE CLOTH HALL,
41 HUTCHESON STREET, 41
GLASGOW.
INDIGO SERGES,
PLEASE NOTE.—41 IS OUR ONLY NUMBER.
KOLA.
THOMPSON'S Perfected Preparations of the KOLA NUT are wonderfully invigorating.
▒▒ ░░▒ ░▒▒░ ▒░ ▒▒░░ ▒▒░ ░░▒ ▒▒▒ ▒░░ ▒░░ ▒░▒ ░▒▒░ ▒▒ ░░▒ ░▒▒░ ▒░ ▒▒░░ ▒▒░ ░░▒ ▒▒▒ ▒░░ ▒░░ ▒░▒ ░▒▒░ ▒▒ ░░▒ ░▒▒░ ▒░ ▒▒░░ ▒▒░ ░░▒ ▒▒▒ ▒░░ ▒░░ ▒░▒ ░▒▒░ ▒▒ ░░▒ ░▒▒░ ▒░
KOLA.

Fells, in the Australasian, writes as follows:—"On the famous W. L. Murdoch is qualifying to play for Sussex County. Well, I can only say that Lord Sheffield will come a long way to him."

▒▒ ░░▒ ░▒▒░ ▒░ ▒▒░░ ▒▒░ ░░▒ ▒▒▒ ▒░░ ▒░░ ▒░▒ ░▒▒░ ▒▒ ░░▒ ░▒▒░ ▒░ ▒▒░░ ▒▒░ ░░▒ ▒▒▒ ▒░░ ▒░░ ▒░▒ ░▒▒░ ▒▒ ░░▒ ░▒▒░ ▒░ ▒▒░░ ▒▒░ ░░▒ ▒▒▒ ▒░░ ▒░░ ▒░▒ ░▒▒░ ▒▒ ░░▒ ░▒▒░ ▒░ ▒▒░░ ▒▒░ ░░▒ ▒▒▒ ▒░░ ▒░░ ▒░▒ ░▒▒░ ▒▒ ░░▒ ░▒▒░ ▒░ ▒▒░░ ▒▒░ ░░▒ ▒▒▒ ▒░░ ▒░░ ▒░▒ ░▒▒░ ▒▒ ░░▒ ░▒▒░ ▒░ ▒▒░░ ▒▒░ ░░▒ ▒▒▒ ▒░░ ▒░░ ▒░▒ ░▒▒░ ▒▒ ░░▒ ░▒▒░ ▒░ ▒▒░░ ▒▒░ ░░▒ ▒▒▒ ▒░░ ▒░░ ▒░▒ ░▒▒░ ▒▒ ░░▒ ░▒▒░ ▒░ ▒▒░░ ▒▒░ ░░▒ ▒▒▒ ▒░░ ▒░░ ▒░▒ ░▒▒░
WM. G. BELL'S
PRICE-LIST.
ONLY ADDRESS—20 ARGYLE ST., GLASGOW.
W. G. BELL'S TOURIST FOOTBALL,
▒▒ ░░▒ ░▒▒░ ▒░ ▒▒░░ ▒▒░ ░░▒ ▒▒▒ ▒░░ ▒░░ ▒░▒ ░▒▒░ ▒▒ ░░▒ ░▒▒░ ▒░ ▒▒░░ ▒▒░ ░░▒ ▒▒▒ ▒░░ ▒░░ ▒░▒ ░▒▒░ ▒▒ ░░▒ ░▒▒░ ▒░ ▒▒░░ ▒▒░ ░░▒ ▒▒▒ ▒░░ ▒░░ ▒░▒ ░▒▒░ ▒▒ ░░▒ ░▒▒░ ▒░ ▒▒░░ ▒▒░ ░░▒ ▒▒▒ ▒░░ ▒░░ ▒░▒ ░▒▒░ ▒▒ ░░▒ ░▒▒░ ▒░ ▒▒░░ ▒▒░ ░░▒ ▒▒▒ ▒░░ ▒░░ ▒░▒ ░▒▒░ ▒▒ ░░▒ ░▒▒░ ▒░ ▒▒░░ ▒▒░ ░░▒ ▒▒▒ ▒░░ ▒░░ ▒░▒ ░▒▒░ ▒▒ ░░▒ ░▒▒░ ▒░ ▒▒░░ ▒▒░ ░░▒ ▒▒▒ ▒░░ ▒░░ ▒░▒ ░▒▒░ ▒▒ ░░▒ ░▒▒░ ▒░ ▒▒░░ ▒▒░ ░░▒ ▒▒▒ ▒░░ ▒░░ ▒░▒ ░▒▒░ ▒▒ ░░▒ ░▒▒░ ▒░ ▒▒░░ ▒▒░ ░░▒ ▒▒▒ ▒░░ ▒░░ ▒░▒ ░▒▒░ ▒▒ ░░▒ ░▒▒░ ▒░ ▒▒░░ ▒▒░ ░░▒ ▒▒▒ ▒░░ ▒░░ ▒░▒ ░▒▒░ ▒▒ ░░▒ ░▒▒░ ▒░ ▒▒░░ ▒▒░ ░░▒ ▒▒▒ ▒░░ ▒░░ ▒░▒ ░▒▒░ ▒▒ ░░▒ ░▒▒░ ▒░ ▒▒░░ ▒▒░ ░░▒ ▒▒▒ ▒░░ ▒░░ ▒░▒ ░▒▒░ ▒▒ ░░▒ ░▒▒░ ▒░ ▒▒░░ ▒▒░ ░░▒ ▒▒▒ ▒░░ ▒░░ ▒░▒ ░▒▒░ ▒▒ ░░▒ ░▒▒░ ▒░ ▒▒░░ ▒▒░ ░░▒ ▒▒▒ ▒░░ ▒░░ ▒░▒ ░▒▒░ ▒▒ ░░▒ ░▒▒░ ▒░ ▒▒░░ ▒▒░ ░░▒ ▒▒▒ ▒░░ ▒░░ ▒░▒ ░▒▒░ ▒▒ ░░▒ ░▒▒░ ▒░ ▒▒░░ ▒▒░ ░░▒ ▒▒▒ ▒░░ ▒░░ ▒░▒ ░▒▒░ ▒▒ ░░▒ ░▒▒░ ▒░ ▒▒░░ ▒▒░ ░░▒ ▒▒▒ ▒░░ ▒░░ ▒░▒ ░▒▒░ ▒▒ ░░▒ ░▒▒░ ▒░ ▒▒░░ ▒▒░ ░░▒ ▒▒▒ ▒░░ ▒░░ ▒░▒ ░▒▒░ ▒▒ ░░▒ ░▒▒░ ▒░ ▒▒░░ ▒▒░ ░░▒ ▒▒▒ ▒░░ ▒░░ ▒░▒ ░▒▒░ ▒▒ ░░▒ ░▒▒░ ▒░ ▒▒░░ ▒▒░ ░░▒ ▒▒▒ ▒░░ ▒░░ ▒░▒ ░▒▒░ ▒▒ ░░▒ ░▒▒░ ▒░ ▒▒░░ ▒▒░ ░░▒ ▒▒▒
WM. G. BELL'S GREATEST SUCCESS.
▒▒ ░░▒ ░▒▒░ ▒░ ▒▒░░ ▒▒░ ░░▒ ▒▒▒ ▒░░ ▒░░ ▒░▒ ░▒▒░ ▒▒ ░░▒ ░▒▒░ ▒░ ▒▒░░ ▒▒░ ░░▒ ▒▒▒ ▒░░ ▒░░ ▒░▒ ░▒▒░ ▒▒ ░░▒ ░▒▒░ ▒░ ▒▒░░ ▒▒░ ░░▒ ▒▒▒ ▒░░ ▒░░ ▒░▒ ░▒▒░ ▒▒ ░░▒ ░▒▒░ ▒░ ▒▒░░ ▒▒░ ░░▒ ▒▒▒ ▒░░ ▒░░ ▒░▒ ░▒▒░ ▒▒ ░░▒ ░▒▒░ ▒░ ▒▒░░ ▒▒░ ░░▒ ▒▒▒ ▒░░ ▒░░ ▒░▒ ░▒▒░ ▒▒ ░░▒ ░▒▒░ ▒░ ▒▒░░ ▒▒░ ░░▒ ▒▒▒ ▒░░ ▒░░ ▒░▒ ░▒▒░ ▒▒ ░░▒ ░▒▒░ ▒░ ▒▒░░ ▒▒░ ░░▒ ▒▒▒ ▒░░ ▒░░ ▒░▒ ░▒▒░ ▒▒ ░░▒ ░▒▒░ ▒░ ▒▒░░ ▒▒░ ░░▒ ▒▒▒ ▒░░ ▒░░ ▒░▒ ░▒▒░ ▒▒ ░░▒ ░▒▒░ ▒░ ▒▒░░ ▒▒░ ░░▒ ▒▒▒ ▒░░ ▒░░ ▒░▒ ░▒▒░ ▒▒ ░░▒ ░▒▒░ ▒░ ▒▒░░ ▒▒░ ░░▒ ▒▒▒ ▒░░ ▒░░ ▒░▒ ░▒▒░ ▒▒ ░░▒ ░▒▒░ ▒░ ▒▒░░ ▒▒░ ░░▒ ▒▒▒ ▒░░ ▒░░ ▒░▒ ░▒▒░ ▒▒ ░░▒ ░▒▒░ ▒░
BARRIERS' COSTUMES
▒▒ ░░▒ ░▒▒░ ▒░ ▒▒░░ ▒▒░ ░░▒ ▒▒▒ ▒░░ ▒░░ ▒░▒ ░▒▒░ ▒▒ ░░▒ ░▒▒░ ▒░ ▒▒░░ ▒▒░ ░░▒ ▒▒▒ ▒░░ ▒░░ ▒░▒ ░▒▒░ ▒▒ ░░▒ ░▒▒░ ▒░ ▒▒░░ ▒▒░ ░░▒ ▒▒▒ ▒░░ ▒░░ ▒░▒ ░▒▒░ ▒▒ ░░▒ ░▒▒░ ▒░ ▒▒░░ ▒▒░ ░░▒ ▒▒▒ ▒░░ ▒░░ ▒░▒ ░▒▒░ ▒▒ ░░▒ ░▒▒░ ▒░ ▒▒░░ ▒▒░ ░░▒ ▒▒▒ ▒░░ ▒░░ ▒░▒ ░▒▒░ ▒▒ ░░▒ ░▒▒░ ▒░ ▒▒░░ ▒▒░ ░░▒ ▒▒▒ ▒░░ ▒░░ ▒░▒ ░▒▒░ ▒▒ ░░▒ ░▒▒░ ▒░ ▒▒░░ ▒▒░ ░░▒ ▒▒▒
SWIMMING COSTUMES
▒▒ ░░▒ ░▒▒░ ▒░ ▒▒░░ ▒▒░ ░░▒ ▒▒▒ ▒░░ ▒░░ ▒░▒ ░▒▒░ ▒▒ ░░▒ ░▒▒░ ▒░ ▒▒░░ ▒▒░ ░░▒ ▒▒▒ ▒░░ ▒░░ ▒░▒ ░▒▒░ ▒▒ ░░▒ ░▒▒░ ▒░ ▒▒░░ ▒▒░ ░░▒ ▒▒▒
WM. G. BELL.
20 Argyle Street, GLASGOW.
SEE OUR WINDOWS.	REID & TODD	PROMPT ATTENTION GIVEN TO LETTER ORDERS.
▒▒ ░░▒ ░▒▒░ ▒░ ▒▒░░ ▒▒░ ░░▒ ▒▒▒ ▒░░ ▒░░ ▒░▒ ░▒▒░ ▒▒ ░░▒ ░▒▒░ ▒░ ▒▒░░ ▒▒░ ░░▒ ▒▒▒ ▒░░ ▒░░ ▒░▒ ░▒▒░
GIFTS.
▒▒ ░░▒ ░▒▒░ ▒░ ▒▒░░ ▒▒░ ░░▒ ▒▒▒ ▒░░ ▒░░ ▒░▒ ░▒▒░ ▒▒ ░░▒ ░▒▒░ ▒░ ▒▒░░ ▒▒░ ░░▒ ▒▒▒ ▒░░ ▒░░ ▒░▒ ░▒▒░
THE UMBRELLA HOUSE OF THE CITY.
THE NEW DRESS SUIT CASE,
WRITING DESKS AND CASES,
JEWEL CASES AND WORKBOXES, MANICURE CASES,
▒▒ ░░▒ ░▒▒░ ▒░ ▒▒░░ ▒▒░ ░░▒ ▒▒▒ ▒░░ ▒░░ ▒░▒ ░▒▒░ ▒▒ ░░▒ ░▒▒░ ▒░ ▒▒░░ ▒▒░ ░░▒ ▒▒▒ ▒░░ ▒░░ ▒░▒ ░▒▒░
UMBRELLAS RE-COVERED IN ONE HOUR.
REID & TODD,
46 TO 50 GLASSFORD STREET, 72 WILSON STREET, AND 3 RENFIELD STREET.
ANTI-STIFF
STRENGTHENS THE MUSCLES.
IS THE VERY THING FOR FOOTBALLERS.
▒▒ ░░▒ ░▒▒░ ▒░ ▒▒░░ ▒▒░ ░░▒ ▒▒▒ ▒░░ ▒░░ ▒░▒ ░▒▒░ ▒▒ ░░▒ ░▒▒░ ▒░ ▒▒░░ ▒▒░ ░░▒ ▒▒▒ ▒░░ ▒░░ ▒░▒ ░▒▒░ ▒▒ ░░▒ ░▒▒░ ▒░ ▒▒░░ ▒▒░ ░░▒ ▒▒▒ ▒░░ ▒░░ ▒░▒ ░▒▒░ ▒▒ ░░▒ ░▒▒░ ▒░ ▒▒░░ ▒▒░ ░░▒ ▒▒▒ ▒░░ ▒░░ ▒░▒ ░▒▒░ ▒▒ ░░▒ ░▒▒░ ▒░ ▒▒░░ ▒▒░ ░░▒ ▒▒▒ ▒░░ ▒░░ ▒░▒ ░▒▒░ ▒▒ ░░▒ ░▒▒░ ▒░ ▒▒░░ ▒▒░ ░░▒ ▒▒▒ ▒░░ ▒░░ ▒░▒ ░▒▒░ ▒▒ ░░▒ ░▒▒░ ▒░ ▒▒░░ ▒▒░ ░░▒ ▒▒▒ ▒░░ ▒░░ ▒░▒ ░▒▒░ ▒▒ ░░▒ ░▒▒░ ▒░ ▒▒░░ ▒▒░ ░░▒ ▒▒▒ ▒░░ ▒░░ ▒░▒ ░▒▒░ ▒▒ ░░▒ ░▒▒░ ▒░ ▒▒░░ ▒▒░ ░░▒ ▒▒▒ ▒░░ ▒░░ ▒░▒ ░▒▒░ ▒▒ ░░▒ ░▒▒░ ▒░ ▒▒░░ ▒▒░ ░░▒ ▒▒▒ ▒░░ ▒░░ ▒░▒ ░▒▒░ ▒▒ ░░▒ ░▒▒░ ▒░ ▒▒░░ ▒▒░ ░░▒ ▒▒▒ ▒░░ ▒░░ ▒░▒ ░▒▒░ ▒▒ ░░▒ ░▒▒░ ▒░ ▒▒░░ ▒▒░ ░░▒ ▒▒▒ ▒░░ ▒░░ ▒░▒ ░▒▒░ ▒▒ ░░▒ ░▒▒░ ▒░ ▒▒░░ ▒▒░ ░░▒ ▒▒▒ ▒░░ ▒░░ ▒░▒ ░▒▒░ ▒▒ ░░▒ ░▒▒░ ▒░ ▒▒░░ ▒▒░ ░░▒ ▒▒▒ ▒░░ ▒░░ ▒░▒ ░▒▒░ ▒▒ ░░▒ ░▒▒░ ▒░ ▒▒░░ ▒▒░ ░░▒ ▒▒▒ ▒░░ ▒░░ ▒░▒ ░▒▒░ ▒▒ ░░▒ ░▒▒░ ▒░ ▒▒░░ ▒▒░ ░░▒ ▒▒▒ ▒░░ ▒░░ ▒░▒ ░▒▒░
▒▒ ░░▒ ░▒▒░ ▒░ ▒▒░░ ▒▒░ ░░▒ ▒▒▒ ▒░░ ▒░░ ▒░▒ ░▒▒░ ▒▒ ░░▒ ░▒▒░ ▒░ ▒▒░░ ▒▒░ ░░▒ ▒▒▒ ▒░░ ▒░░ ▒░▒ ░▒▒░ ▒▒ ░░▒ ░▒▒░ ▒░ ▒▒░░ ▒▒░ ░░▒ ▒▒▒ ▒░░ ▒░░ ▒░▒ ░▒▒░ ▒▒ ░░▒ ░▒▒░ ▒░ ▒▒░░ ▒▒░ ░░▒ ▒▒▒ ▒░░ ▒░░ ▒░▒ ░▒▒░ ▒▒ ░░▒ ░▒▒░ ▒░ ▒▒░░ ▒▒░ ░░▒ ▒▒▒ ▒░░ ▒░░ ▒░▒ ░▒▒░ ▒▒ ░░▒ ░▒▒░ ▒░ ▒▒░░ ▒▒░ ░░▒ ▒▒▒ ▒░░ ▒░░ ▒░▒ ░▒▒░ ▒▒ ░░▒ ░▒▒░ ▒░ ▒▒░░ ▒▒░ ░░▒ ▒▒▒ ▒░░ ▒░░ ▒░▒ ░▒▒░ ▒▒ ░░▒ ░▒▒░ ▒░ ▒▒░░ ▒▒░ ░░▒ ▒▒▒ ▒░░ ▒░░ ▒░▒ ░▒▒░ ▒▒ ░░▒ ░▒▒░ ▒░ ▒▒░░ ▒▒░ ░░▒ ▒▒▒ ▒░░ ▒░░ ▒░▒ ░▒▒░ ▒▒ ░░▒ ░▒▒░ ▒░ ▒▒░░ ▒▒░ ░░▒ ▒▒▒ ▒░░ ▒░░ ▒░▒ ░▒▒░ ▒▒ ░░▒ ░▒▒░ ▒░ ▒▒░░ ▒▒░ ░░▒ ▒▒▒ ▒░░ ▒░░ ▒░▒ ░▒▒░ ▒▒ ░░▒ ░▒▒░ ▒░ ▒▒░░ ▒▒░ ░░▒ ▒▒▒ ▒░░ ▒░░ ▒░▒ ░▒▒░ ▒▒ ░░▒ ░▒▒░ ▒░ ▒▒░░ ▒▒░ ░░▒ ▒▒▒
F. W. WILSON, CHEMIST, CHISLEHURST.
J. GOW & SONS, 151 TRONGATE, GLASGOW,
FURNITURE
Of ALL Kinds, for PARLOUR, KITCHEN, and BED-ROOM, or DINING and DRAWING ROOM
▒▒ ░░▒ ░▒▒░ ▒░ ▒▒░░ ▒▒░ ░░▒ ▒▒▒ ▒░░ ▒░░ ▒░▒ ░▒▒░ ▒▒ ░░▒ ░▒▒░ ▒░ ▒▒░░ ▒▒░ ░░▒ ▒▒▒ ▒░░ ▒░░ ▒░▒ ░▒▒░ ▒▒ ░░▒ ░▒▒░ ▒░ ▒▒░░ ▒▒░ ░░▒ ▒▒▒ ▒░░ ▒░░ ▒░▒ ░▒▒░ ▒▒ ░░▒ ░▒▒░ ▒░ ▒▒░░ ▒▒░ ░░▒ ▒▒▒ ▒░░ ▒░░ ▒░▒ ░▒▒░ ▒▒ ░░▒ ░▒▒░ ▒░ ▒▒░░ ▒▒░ ░░▒ ▒▒▒ ▒░░ ▒░░ ▒░▒ ░▒▒░ ▒▒ ░░▒ ░▒▒░ ▒░ ▒▒░░ ▒▒░ ░░▒ ▒▒▒ ▒░░ ▒░░ ▒░▒ ░▒▒░ ▒▒ ░░▒ ░▒▒░ ▒░ ▒▒░░ ▒▒░ ░░▒ ▒▒▒ ▒░░ ▒░░ ▒░▒ ░▒▒░ ▒▒ ░░▒ ░▒▒░ ▒░ ▒▒░░ ▒▒░ ░░▒ ▒▒▒ ▒░░ ▒░░ ▒░▒ ░▒▒░ ▒▒ ░░▒ ░▒▒░ ▒░ ▒▒░░ ▒▒░ ░░▒ ▒▒▒ ▒░░ ▒░░ ▒░▒ ░▒▒░ ▒▒ ░░▒ ░▒▒░ ▒░ ▒▒░░ ▒▒░ ░░▒ ▒▒▒ ▒░░ ▒░░ ▒░▒ ░▒▒░ ▒▒ ░░▒ ░▒▒░ ▒░ ▒▒░░ ▒▒░ ░░▒ ▒▒▒ ▒░░ ▒░░ ▒░▒ ░▒▒░ ▒▒ ░░▒ ░▒▒░ ▒░ ▒▒░░ ▒▒░ ░░▒ ▒▒▒ ▒░░ ▒░░ ▒░▒ ░▒▒░ ▒▒ ░░▒ ░▒▒░ ▒░ ▒▒░░ ▒▒░ ░░▒ ▒▒▒ ▒░░ ▒░░ ▒░▒ ░▒▒░ ▒▒ ░░▒ ░▒▒░ ▒░ ▒▒░░ ▒▒░ ░░▒ ▒▒▒ ▒░░ ▒░░ ▒░▒ ░▒▒░ ▒▒ ░░▒ ░▒▒░ ▒░ ▒▒░░ ▒▒░ ░░▒ ▒▒▒ ▒░░ ▒░░ ▒░▒ ░▒▒░ ▒▒ ░░▒ ░▒▒░ ▒░ ▒▒░░ ▒▒░ ░░▒ ▒▒▒ ▒░░ ▒░░ ▒░▒ ░▒▒░
Image © THE BRITISH LIBRARY BOARD. ALL RIGHTS RESERVED.
